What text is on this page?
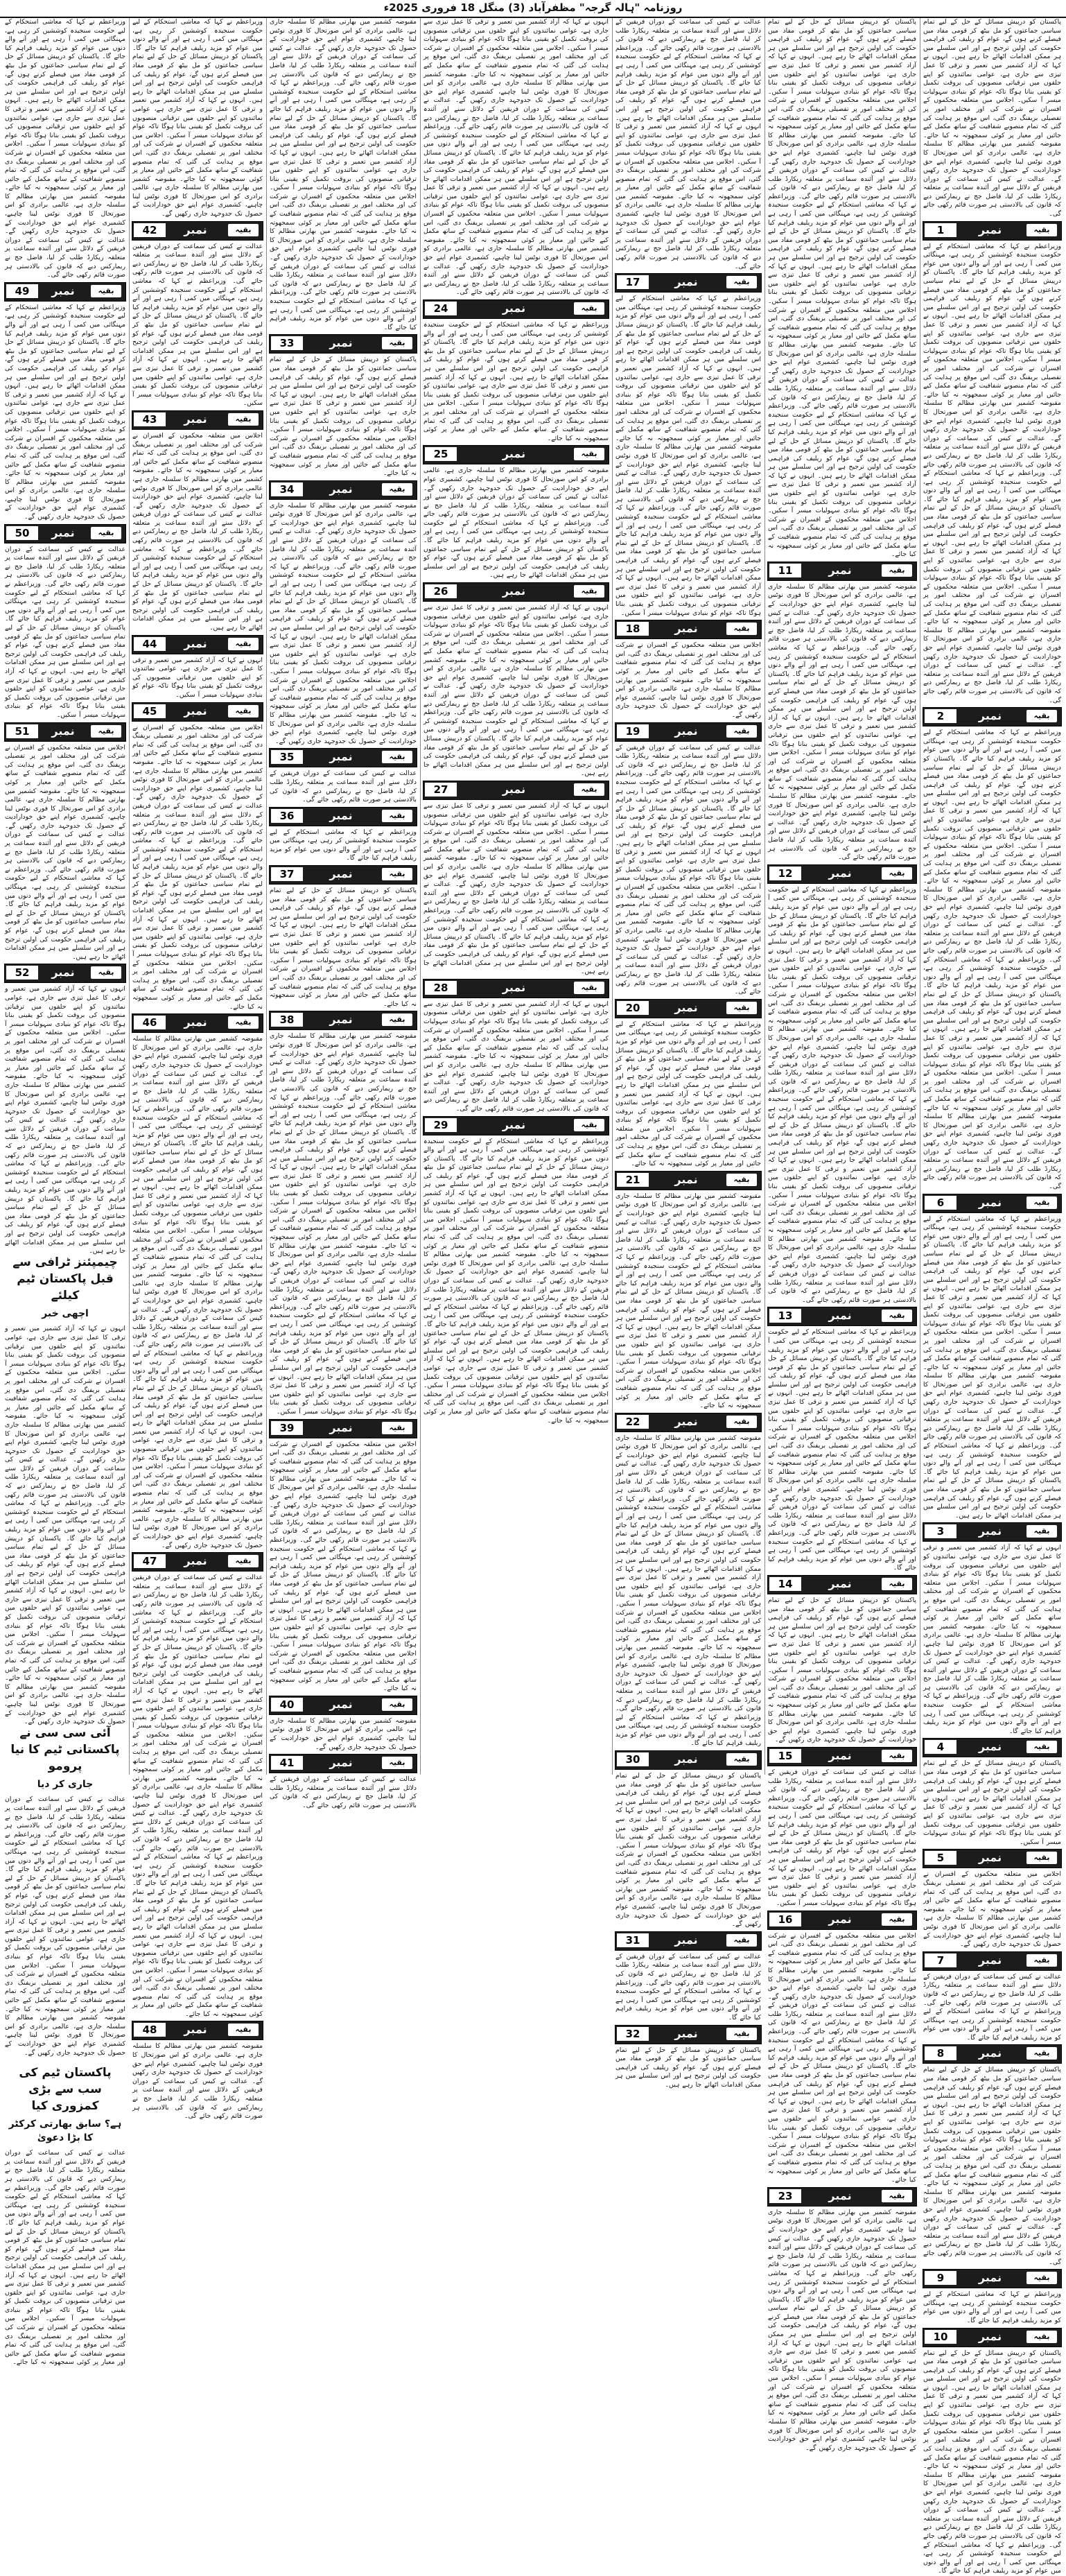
روزنامہ "ہالہ گرجہ" مظفرآباد (3) منگل 18 فروری 2025ء
پاکستان کو درپیش مسائل کے حل کے لیے تمام سیاسی جماعتوں کو مل بیٹھ کر قومی مفاد میں فیصلے کرنے ہوں گے، عوام کو ریلیف کی فراہمی حکومت کی اولین ترجیح ہے اور اس سلسلے میں ہر ممکن اقدامات اٹھائے جا رہے ہیں۔ انہوں نے کہا کہ آزاد کشمیر میں تعمیر و ترقی کا عمل تیزی سے جاری ہے، عوامی نمائندوں کو اپنے حلقوں میں ترقیاتی منصوبوں کی بروقت تکمیل کو یقینی بنانا ہوگا تاکہ عوام کو بنیادی سہولیات میسر آ سکیں۔ اجلاس میں متعلقہ محکموں کے افسران نے شرکت کی اور مختلف امور پر تفصیلی بریفنگ دی گئی، اس موقع پر ہدایت کی گئی کہ تمام منصوبے شفافیت کے ساتھ مکمل کیے جائیں اور معیار پر کوئی سمجھوتہ نہ کیا جائے۔ مقبوضہ کشمیر میں بھارتی مظالم کا سلسلہ جاری ہے، عالمی برادری کو اس صورتحال کا فوری نوٹس لینا چاہیے، کشمیری عوام اپنے حق خودارادیت کے حصول تک جدوجہد جاری رکھیں گے۔ عدالت نے کیس کی سماعت کے دوران فریقین کے دلائل سنے اور آئندہ سماعت پر متعلقہ ریکارڈ طلب کر لیا، فاضل جج نے ریمارکس دیے کہ قانون کی بالادستی ہر صورت قائم رکھی جائے گی۔
بقیہ
نمبر
1
وزیراعظم نے کہا کہ معاشی استحکام کے لیے حکومت سنجیدہ کوششیں کر رہی ہے، مہنگائی میں کمی آ رہی ہے اور آنے والے دنوں میں عوام کو مزید ریلیف فراہم کیا جائے گا۔ پاکستان کو درپیش مسائل کے حل کے لیے تمام سیاسی جماعتوں کو مل بیٹھ کر قومی مفاد میں فیصلے کرنے ہوں گے، عوام کو ریلیف کی فراہمی حکومت کی اولین ترجیح ہے اور اس سلسلے میں ہر ممکن اقدامات اٹھائے جا رہے ہیں۔ انہوں نے کہا کہ آزاد کشمیر میں تعمیر و ترقی کا عمل تیزی سے جاری ہے، عوامی نمائندوں کو اپنے حلقوں میں ترقیاتی منصوبوں کی بروقت تکمیل کو یقینی بنانا ہوگا تاکہ عوام کو بنیادی سہولیات میسر آ سکیں۔ اجلاس میں متعلقہ محکموں کے افسران نے شرکت کی اور مختلف امور پر تفصیلی بریفنگ دی گئی، اس موقع پر ہدایت کی گئی کہ تمام منصوبے شفافیت کے ساتھ مکمل کیے جائیں اور معیار پر کوئی سمجھوتہ نہ کیا جائے۔ مقبوضہ کشمیر میں بھارتی مظالم کا سلسلہ جاری ہے، عالمی برادری کو اس صورتحال کا فوری نوٹس لینا چاہیے، کشمیری عوام اپنے حق خودارادیت کے حصول تک جدوجہد جاری رکھیں گے۔ عدالت نے کیس کی سماعت کے دوران فریقین کے دلائل سنے اور آئندہ سماعت پر متعلقہ ریکارڈ طلب کر لیا، فاضل جج نے ریمارکس دیے کہ قانون کی بالادستی ہر صورت قائم رکھی جائے گی۔ وزیراعظم نے کہا کہ معاشی استحکام کے لیے حکومت سنجیدہ کوششیں کر رہی ہے، مہنگائی میں کمی آ رہی ہے اور آنے والے دنوں میں عوام کو مزید ریلیف فراہم کیا جائے گا۔ پاکستان کو درپیش مسائل کے حل کے لیے تمام سیاسی جماعتوں کو مل بیٹھ کر قومی مفاد میں فیصلے کرنے ہوں گے، عوام کو ریلیف کی فراہمی حکومت کی اولین ترجیح ہے اور اس سلسلے میں ہر ممکن اقدامات اٹھائے جا رہے ہیں۔ انہوں نے کہا کہ آزاد کشمیر میں تعمیر و ترقی کا عمل تیزی سے جاری ہے، عوامی نمائندوں کو اپنے حلقوں میں ترقیاتی منصوبوں کی بروقت تکمیل کو یقینی بنانا ہوگا تاکہ عوام کو بنیادی سہولیات میسر آ سکیں۔ اجلاس میں متعلقہ محکموں کے افسران نے شرکت کی اور مختلف امور پر تفصیلی بریفنگ دی گئی، اس موقع پر ہدایت کی گئی کہ تمام منصوبے شفافیت کے ساتھ مکمل کیے جائیں اور معیار پر کوئی سمجھوتہ نہ کیا جائے۔ مقبوضہ کشمیر میں بھارتی مظالم کا سلسلہ جاری ہے، عالمی برادری کو اس صورتحال کا فوری نوٹس لینا چاہیے، کشمیری عوام اپنے حق خودارادیت کے حصول تک جدوجہد جاری رکھیں گے۔ عدالت نے کیس کی سماعت کے دوران فریقین کے دلائل سنے اور آئندہ سماعت پر متعلقہ ریکارڈ طلب کر لیا، فاضل جج نے ریمارکس دیے کہ قانون کی بالادستی ہر صورت قائم رکھی جائے گی۔
بقیہ
نمبر
2
وزیراعظم نے کہا کہ معاشی استحکام کے لیے حکومت سنجیدہ کوششیں کر رہی ہے، مہنگائی میں کمی آ رہی ہے اور آنے والے دنوں میں عوام کو مزید ریلیف فراہم کیا جائے گا۔ پاکستان کو درپیش مسائل کے حل کے لیے تمام سیاسی جماعتوں کو مل بیٹھ کر قومی مفاد میں فیصلے کرنے ہوں گے، عوام کو ریلیف کی فراہمی حکومت کی اولین ترجیح ہے اور اس سلسلے میں ہر ممکن اقدامات اٹھائے جا رہے ہیں۔ انہوں نے کہا کہ آزاد کشمیر میں تعمیر و ترقی کا عمل تیزی سے جاری ہے، عوامی نمائندوں کو اپنے حلقوں میں ترقیاتی منصوبوں کی بروقت تکمیل کو یقینی بنانا ہوگا تاکہ عوام کو بنیادی سہولیات میسر آ سکیں۔ اجلاس میں متعلقہ محکموں کے افسران نے شرکت کی اور مختلف امور پر تفصیلی بریفنگ دی گئی، اس موقع پر ہدایت کی گئی کہ تمام منصوبے شفافیت کے ساتھ مکمل کیے جائیں اور معیار پر کوئی سمجھوتہ نہ کیا جائے۔ مقبوضہ کشمیر میں بھارتی مظالم کا سلسلہ جاری ہے، عالمی برادری کو اس صورتحال کا فوری نوٹس لینا چاہیے، کشمیری عوام اپنے حق خودارادیت کے حصول تک جدوجہد جاری رکھیں گے۔ عدالت نے کیس کی سماعت کے دوران فریقین کے دلائل سنے اور آئندہ سماعت پر متعلقہ ریکارڈ طلب کر لیا، فاضل جج نے ریمارکس دیے کہ قانون کی بالادستی ہر صورت قائم رکھی جائے گی۔ وزیراعظم نے کہا کہ معاشی استحکام کے لیے حکومت سنجیدہ کوششیں کر رہی ہے، مہنگائی میں کمی آ رہی ہے اور آنے والے دنوں میں عوام کو مزید ریلیف فراہم کیا جائے گا۔ پاکستان کو درپیش مسائل کے حل کے لیے تمام سیاسی جماعتوں کو مل بیٹھ کر قومی مفاد میں فیصلے کرنے ہوں گے، عوام کو ریلیف کی فراہمی حکومت کی اولین ترجیح ہے اور اس سلسلے میں ہر ممکن اقدامات اٹھائے جا رہے ہیں۔ انہوں نے کہا کہ آزاد کشمیر میں تعمیر و ترقی کا عمل تیزی سے جاری ہے، عوامی نمائندوں کو اپنے حلقوں میں ترقیاتی منصوبوں کی بروقت تکمیل کو یقینی بنانا ہوگا تاکہ عوام کو بنیادی سہولیات میسر آ سکیں۔ اجلاس میں متعلقہ محکموں کے افسران نے شرکت کی اور مختلف امور پر تفصیلی بریفنگ دی گئی، اس موقع پر ہدایت کی گئی کہ تمام منصوبے شفافیت کے ساتھ مکمل کیے جائیں اور معیار پر کوئی سمجھوتہ نہ کیا جائے۔ مقبوضہ کشمیر میں بھارتی مظالم کا سلسلہ جاری ہے، عالمی برادری کو اس صورتحال کا فوری نوٹس لینا چاہیے، کشمیری عوام اپنے حق خودارادیت کے حصول تک جدوجہد جاری رکھیں گے۔ عدالت نے کیس کی سماعت کے دوران فریقین کے دلائل سنے اور آئندہ سماعت پر متعلقہ ریکارڈ طلب کر لیا، فاضل جج نے ریمارکس دیے کہ قانون کی بالادستی ہر صورت قائم رکھی جائے گی۔
بقیہ
نمبر
6
وزیراعظم نے کہا کہ معاشی استحکام کے لیے حکومت سنجیدہ کوششیں کر رہی ہے، مہنگائی میں کمی آ رہی ہے اور آنے والے دنوں میں عوام کو مزید ریلیف فراہم کیا جائے گا۔ پاکستان کو درپیش مسائل کے حل کے لیے تمام سیاسی جماعتوں کو مل بیٹھ کر قومی مفاد میں فیصلے کرنے ہوں گے، عوام کو ریلیف کی فراہمی حکومت کی اولین ترجیح ہے اور اس سلسلے میں ہر ممکن اقدامات اٹھائے جا رہے ہیں۔ انہوں نے کہا کہ آزاد کشمیر میں تعمیر و ترقی کا عمل تیزی سے جاری ہے، عوامی نمائندوں کو اپنے حلقوں میں ترقیاتی منصوبوں کی بروقت تکمیل کو یقینی بنانا ہوگا تاکہ عوام کو بنیادی سہولیات میسر آ سکیں۔ اجلاس میں متعلقہ محکموں کے افسران نے شرکت کی اور مختلف امور پر تفصیلی بریفنگ دی گئی، اس موقع پر ہدایت کی گئی کہ تمام منصوبے شفافیت کے ساتھ مکمل کیے جائیں اور معیار پر کوئی سمجھوتہ نہ کیا جائے۔ مقبوضہ کشمیر میں بھارتی مظالم کا سلسلہ جاری ہے، عالمی برادری کو اس صورتحال کا فوری نوٹس لینا چاہیے، کشمیری عوام اپنے حق خودارادیت کے حصول تک جدوجہد جاری رکھیں گے۔ عدالت نے کیس کی سماعت کے دوران فریقین کے دلائل سنے اور آئندہ سماعت پر متعلقہ ریکارڈ طلب کر لیا، فاضل جج نے ریمارکس دیے کہ قانون کی بالادستی ہر صورت قائم رکھی جائے گی۔ وزیراعظم نے کہا کہ معاشی استحکام کے لیے حکومت سنجیدہ کوششیں کر رہی ہے، مہنگائی میں کمی آ رہی ہے اور آنے والے دنوں میں عوام کو مزید ریلیف فراہم کیا جائے گا۔ پاکستان کو درپیش مسائل کے حل کے لیے تمام سیاسی جماعتوں کو مل بیٹھ کر قومی مفاد میں فیصلے کرنے ہوں گے، عوام کو ریلیف کی فراہمی حکومت کی اولین ترجیح ہے اور اس سلسلے میں ہر ممکن اقدامات اٹھائے جا رہے ہیں۔
بقیہ
نمبر
3
انہوں نے کہا کہ آزاد کشمیر میں تعمیر و ترقی کا عمل تیزی سے جاری ہے، عوامی نمائندوں کو اپنے حلقوں میں ترقیاتی منصوبوں کی بروقت تکمیل کو یقینی بنانا ہوگا تاکہ عوام کو بنیادی سہولیات میسر آ سکیں۔ اجلاس میں متعلقہ محکموں کے افسران نے شرکت کی اور مختلف امور پر تفصیلی بریفنگ دی گئی، اس موقع پر ہدایت کی گئی کہ تمام منصوبے شفافیت کے ساتھ مکمل کیے جائیں اور معیار پر کوئی سمجھوتہ نہ کیا جائے۔ مقبوضہ کشمیر میں بھارتی مظالم کا سلسلہ جاری ہے، عالمی برادری کو اس صورتحال کا فوری نوٹس لینا چاہیے، کشمیری عوام اپنے حق خودارادیت کے حصول تک جدوجہد جاری رکھیں گے۔ عدالت نے کیس کی سماعت کے دوران فریقین کے دلائل سنے اور آئندہ سماعت پر متعلقہ ریکارڈ طلب کر لیا، فاضل جج نے ریمارکس دیے کہ قانون کی بالادستی ہر صورت قائم رکھی جائے گی۔ وزیراعظم نے کہا کہ معاشی استحکام کے لیے حکومت سنجیدہ کوششیں کر رہی ہے، مہنگائی میں کمی آ رہی ہے اور آنے والے دنوں میں عوام کو مزید ریلیف فراہم کیا جائے گا۔
بقیہ
نمبر
4
پاکستان کو درپیش مسائل کے حل کے لیے تمام سیاسی جماعتوں کو مل بیٹھ کر قومی مفاد میں فیصلے کرنے ہوں گے، عوام کو ریلیف کی فراہمی حکومت کی اولین ترجیح ہے اور اس سلسلے میں ہر ممکن اقدامات اٹھائے جا رہے ہیں۔ انہوں نے کہا کہ آزاد کشمیر میں تعمیر و ترقی کا عمل تیزی سے جاری ہے، عوامی نمائندوں کو اپنے حلقوں میں ترقیاتی منصوبوں کی بروقت تکمیل کو یقینی بنانا ہوگا تاکہ عوام کو بنیادی سہولیات میسر آ سکیں۔
بقیہ
نمبر
5
اجلاس میں متعلقہ محکموں کے افسران نے شرکت کی اور مختلف امور پر تفصیلی بریفنگ دی گئی، اس موقع پر ہدایت کی گئی کہ تمام منصوبے شفافیت کے ساتھ مکمل کیے جائیں اور معیار پر کوئی سمجھوتہ نہ کیا جائے۔ مقبوضہ کشمیر میں بھارتی مظالم کا سلسلہ جاری ہے، عالمی برادری کو اس صورتحال کا فوری نوٹس لینا چاہیے، کشمیری عوام اپنے حق خودارادیت کے حصول تک جدوجہد جاری رکھیں گے۔
بقیہ
نمبر
7
عدالت نے کیس کی سماعت کے دوران فریقین کے دلائل سنے اور آئندہ سماعت پر متعلقہ ریکارڈ طلب کر لیا، فاضل جج نے ریمارکس دیے کہ قانون کی بالادستی ہر صورت قائم رکھی جائے گی۔ وزیراعظم نے کہا کہ معاشی استحکام کے لیے حکومت سنجیدہ کوششیں کر رہی ہے، مہنگائی میں کمی آ رہی ہے اور آنے والے دنوں میں عوام کو مزید ریلیف فراہم کیا جائے گا۔
بقیہ
نمبر
8
پاکستان کو درپیش مسائل کے حل کے لیے تمام سیاسی جماعتوں کو مل بیٹھ کر قومی مفاد میں فیصلے کرنے ہوں گے، عوام کو ریلیف کی فراہمی حکومت کی اولین ترجیح ہے اور اس سلسلے میں ہر ممکن اقدامات اٹھائے جا رہے ہیں۔ انہوں نے کہا کہ آزاد کشمیر میں تعمیر و ترقی کا عمل تیزی سے جاری ہے، عوامی نمائندوں کو اپنے حلقوں میں ترقیاتی منصوبوں کی بروقت تکمیل کو یقینی بنانا ہوگا تاکہ عوام کو بنیادی سہولیات میسر آ سکیں۔ اجلاس میں متعلقہ محکموں کے افسران نے شرکت کی اور مختلف امور پر تفصیلی بریفنگ دی گئی، اس موقع پر ہدایت کی گئی کہ تمام منصوبے شفافیت کے ساتھ مکمل کیے جائیں اور معیار پر کوئی سمجھوتہ نہ کیا جائے۔ مقبوضہ کشمیر میں بھارتی مظالم کا سلسلہ جاری ہے، عالمی برادری کو اس صورتحال کا فوری نوٹس لینا چاہیے، کشمیری عوام اپنے حق خودارادیت کے حصول تک جدوجہد جاری رکھیں گے۔ عدالت نے کیس کی سماعت کے دوران فریقین کے دلائل سنے اور آئندہ سماعت پر متعلقہ ریکارڈ طلب کر لیا، فاضل جج نے ریمارکس دیے کہ قانون کی بالادستی ہر صورت قائم رکھی جائے گی۔
بقیہ
نمبر
9
وزیراعظم نے کہا کہ معاشی استحکام کے لیے حکومت سنجیدہ کوششیں کر رہی ہے، مہنگائی میں کمی آ رہی ہے اور آنے والے دنوں میں عوام کو مزید ریلیف فراہم کیا جائے گا۔
بقیہ
نمبر
10
پاکستان کو درپیش مسائل کے حل کے لیے تمام سیاسی جماعتوں کو مل بیٹھ کر قومی مفاد میں فیصلے کرنے ہوں گے، عوام کو ریلیف کی فراہمی حکومت کی اولین ترجیح ہے اور اس سلسلے میں ہر ممکن اقدامات اٹھائے جا رہے ہیں۔ انہوں نے کہا کہ آزاد کشمیر میں تعمیر و ترقی کا عمل تیزی سے جاری ہے، عوامی نمائندوں کو اپنے حلقوں میں ترقیاتی منصوبوں کی بروقت تکمیل کو یقینی بنانا ہوگا تاکہ عوام کو بنیادی سہولیات میسر آ سکیں۔ اجلاس میں متعلقہ محکموں کے افسران نے شرکت کی اور مختلف امور پر تفصیلی بریفنگ دی گئی، اس موقع پر ہدایت کی گئی کہ تمام منصوبے شفافیت کے ساتھ مکمل کیے جائیں اور معیار پر کوئی سمجھوتہ نہ کیا جائے۔ مقبوضہ کشمیر میں بھارتی مظالم کا سلسلہ جاری ہے، عالمی برادری کو اس صورتحال کا فوری نوٹس لینا چاہیے، کشمیری عوام اپنے حق خودارادیت کے حصول تک جدوجہد جاری رکھیں گے۔ عدالت نے کیس کی سماعت کے دوران فریقین کے دلائل سنے اور آئندہ سماعت پر متعلقہ ریکارڈ طلب کر لیا، فاضل جج نے ریمارکس دیے کہ قانون کی بالادستی ہر صورت قائم رکھی جائے گی۔ وزیراعظم نے کہا کہ معاشی استحکام کے لیے حکومت سنجیدہ کوششیں کر رہی ہے، مہنگائی میں کمی آ رہی ہے اور آنے والے دنوں میں عوام کو مزید ریلیف فراہم کیا جائے گا۔
پاکستان کو درپیش مسائل کے حل کے لیے تمام سیاسی جماعتوں کو مل بیٹھ کر قومی مفاد میں فیصلے کرنے ہوں گے، عوام کو ریلیف کی فراہمی حکومت کی اولین ترجیح ہے اور اس سلسلے میں ہر ممکن اقدامات اٹھائے جا رہے ہیں۔ انہوں نے کہا کہ آزاد کشمیر میں تعمیر و ترقی کا عمل تیزی سے جاری ہے، عوامی نمائندوں کو اپنے حلقوں میں ترقیاتی منصوبوں کی بروقت تکمیل کو یقینی بنانا ہوگا تاکہ عوام کو بنیادی سہولیات میسر آ سکیں۔ اجلاس میں متعلقہ محکموں کے افسران نے شرکت کی اور مختلف امور پر تفصیلی بریفنگ دی گئی، اس موقع پر ہدایت کی گئی کہ تمام منصوبے شفافیت کے ساتھ مکمل کیے جائیں اور معیار پر کوئی سمجھوتہ نہ کیا جائے۔ مقبوضہ کشمیر میں بھارتی مظالم کا سلسلہ جاری ہے، عالمی برادری کو اس صورتحال کا فوری نوٹس لینا چاہیے، کشمیری عوام اپنے حق خودارادیت کے حصول تک جدوجہد جاری رکھیں گے۔ عدالت نے کیس کی سماعت کے دوران فریقین کے دلائل سنے اور آئندہ سماعت پر متعلقہ ریکارڈ طلب کر لیا، فاضل جج نے ریمارکس دیے کہ قانون کی بالادستی ہر صورت قائم رکھی جائے گی۔ وزیراعظم نے کہا کہ معاشی استحکام کے لیے حکومت سنجیدہ کوششیں کر رہی ہے، مہنگائی میں کمی آ رہی ہے اور آنے والے دنوں میں عوام کو مزید ریلیف فراہم کیا جائے گا۔ پاکستان کو درپیش مسائل کے حل کے لیے تمام سیاسی جماعتوں کو مل بیٹھ کر قومی مفاد میں فیصلے کرنے ہوں گے، عوام کو ریلیف کی فراہمی حکومت کی اولین ترجیح ہے اور اس سلسلے میں ہر ممکن اقدامات اٹھائے جا رہے ہیں۔ انہوں نے کہا کہ آزاد کشمیر میں تعمیر و ترقی کا عمل تیزی سے جاری ہے، عوامی نمائندوں کو اپنے حلقوں میں ترقیاتی منصوبوں کی بروقت تکمیل کو یقینی بنانا ہوگا تاکہ عوام کو بنیادی سہولیات میسر آ سکیں۔ اجلاس میں متعلقہ محکموں کے افسران نے شرکت کی اور مختلف امور پر تفصیلی بریفنگ دی گئی، اس موقع پر ہدایت کی گئی کہ تمام منصوبے شفافیت کے ساتھ مکمل کیے جائیں اور معیار پر کوئی سمجھوتہ نہ کیا جائے۔ مقبوضہ کشمیر میں بھارتی مظالم کا سلسلہ جاری ہے، عالمی برادری کو اس صورتحال کا فوری نوٹس لینا چاہیے، کشمیری عوام اپنے حق خودارادیت کے حصول تک جدوجہد جاری رکھیں گے۔ عدالت نے کیس کی سماعت کے دوران فریقین کے دلائل سنے اور آئندہ سماعت پر متعلقہ ریکارڈ طلب کر لیا، فاضل جج نے ریمارکس دیے کہ قانون کی بالادستی ہر صورت قائم رکھی جائے گی۔ وزیراعظم نے کہا کہ معاشی استحکام کے لیے حکومت سنجیدہ کوششیں کر رہی ہے، مہنگائی میں کمی آ رہی ہے اور آنے والے دنوں میں عوام کو مزید ریلیف فراہم کیا جائے گا۔ پاکستان کو درپیش مسائل کے حل کے لیے تمام سیاسی جماعتوں کو مل بیٹھ کر قومی مفاد میں فیصلے کرنے ہوں گے، عوام کو ریلیف کی فراہمی حکومت کی اولین ترجیح ہے اور اس سلسلے میں ہر ممکن اقدامات اٹھائے جا رہے ہیں۔ انہوں نے کہا کہ آزاد کشمیر میں تعمیر و ترقی کا عمل تیزی سے جاری ہے، عوامی نمائندوں کو اپنے حلقوں میں ترقیاتی منصوبوں کی بروقت تکمیل کو یقینی بنانا ہوگا تاکہ عوام کو بنیادی سہولیات میسر آ سکیں۔ اجلاس میں متعلقہ محکموں کے افسران نے شرکت کی اور مختلف امور پر تفصیلی بریفنگ دی گئی، اس موقع پر ہدایت کی گئی کہ تمام منصوبے شفافیت کے ساتھ مکمل کیے جائیں اور معیار پر کوئی سمجھوتہ نہ کیا جائے۔
بقیہ
نمبر
11
مقبوضہ کشمیر میں بھارتی مظالم کا سلسلہ جاری ہے، عالمی برادری کو اس صورتحال کا فوری نوٹس لینا چاہیے، کشمیری عوام اپنے حق خودارادیت کے حصول تک جدوجہد جاری رکھیں گے۔ عدالت نے کیس کی سماعت کے دوران فریقین کے دلائل سنے اور آئندہ سماعت پر متعلقہ ریکارڈ طلب کر لیا، فاضل جج نے ریمارکس دیے کہ قانون کی بالادستی ہر صورت قائم رکھی جائے گی۔ وزیراعظم نے کہا کہ معاشی استحکام کے لیے حکومت سنجیدہ کوششیں کر رہی ہے، مہنگائی میں کمی آ رہی ہے اور آنے والے دنوں میں عوام کو مزید ریلیف فراہم کیا جائے گا۔ پاکستان کو درپیش مسائل کے حل کے لیے تمام سیاسی جماعتوں کو مل بیٹھ کر قومی مفاد میں فیصلے کرنے ہوں گے، عوام کو ریلیف کی فراہمی حکومت کی اولین ترجیح ہے اور اس سلسلے میں ہر ممکن اقدامات اٹھائے جا رہے ہیں۔ انہوں نے کہا کہ آزاد کشمیر میں تعمیر و ترقی کا عمل تیزی سے جاری ہے، عوامی نمائندوں کو اپنے حلقوں میں ترقیاتی منصوبوں کی بروقت تکمیل کو یقینی بنانا ہوگا تاکہ عوام کو بنیادی سہولیات میسر آ سکیں۔ اجلاس میں متعلقہ محکموں کے افسران نے شرکت کی اور مختلف امور پر تفصیلی بریفنگ دی گئی، اس موقع پر ہدایت کی گئی کہ تمام منصوبے شفافیت کے ساتھ مکمل کیے جائیں اور معیار پر کوئی سمجھوتہ نہ کیا جائے۔ مقبوضہ کشمیر میں بھارتی مظالم کا سلسلہ جاری ہے، عالمی برادری کو اس صورتحال کا فوری نوٹس لینا چاہیے، کشمیری عوام اپنے حق خودارادیت کے حصول تک جدوجہد جاری رکھیں گے۔ عدالت نے کیس کی سماعت کے دوران فریقین کے دلائل سنے اور آئندہ سماعت پر متعلقہ ریکارڈ طلب کر لیا، فاضل جج نے ریمارکس دیے کہ قانون کی بالادستی ہر صورت قائم رکھی جائے گی۔
بقیہ
نمبر
12
وزیراعظم نے کہا کہ معاشی استحکام کے لیے حکومت سنجیدہ کوششیں کر رہی ہے، مہنگائی میں کمی آ رہی ہے اور آنے والے دنوں میں عوام کو مزید ریلیف فراہم کیا جائے گا۔ پاکستان کو درپیش مسائل کے حل کے لیے تمام سیاسی جماعتوں کو مل بیٹھ کر قومی مفاد میں فیصلے کرنے ہوں گے، عوام کو ریلیف کی فراہمی حکومت کی اولین ترجیح ہے اور اس سلسلے میں ہر ممکن اقدامات اٹھائے جا رہے ہیں۔ انہوں نے کہا کہ آزاد کشمیر میں تعمیر و ترقی کا عمل تیزی سے جاری ہے، عوامی نمائندوں کو اپنے حلقوں میں ترقیاتی منصوبوں کی بروقت تکمیل کو یقینی بنانا ہوگا تاکہ عوام کو بنیادی سہولیات میسر آ سکیں۔ اجلاس میں متعلقہ محکموں کے افسران نے شرکت کی اور مختلف امور پر تفصیلی بریفنگ دی گئی، اس موقع پر ہدایت کی گئی کہ تمام منصوبے شفافیت کے ساتھ مکمل کیے جائیں اور معیار پر کوئی سمجھوتہ نہ کیا جائے۔ مقبوضہ کشمیر میں بھارتی مظالم کا سلسلہ جاری ہے، عالمی برادری کو اس صورتحال کا فوری نوٹس لینا چاہیے، کشمیری عوام اپنے حق خودارادیت کے حصول تک جدوجہد جاری رکھیں گے۔ عدالت نے کیس کی سماعت کے دوران فریقین کے دلائل سنے اور آئندہ سماعت پر متعلقہ ریکارڈ طلب کر لیا، فاضل جج نے ریمارکس دیے کہ قانون کی بالادستی ہر صورت قائم رکھی جائے گی۔ وزیراعظم نے کہا کہ معاشی استحکام کے لیے حکومت سنجیدہ کوششیں کر رہی ہے، مہنگائی میں کمی آ رہی ہے اور آنے والے دنوں میں عوام کو مزید ریلیف فراہم کیا جائے گا۔ پاکستان کو درپیش مسائل کے حل کے لیے تمام سیاسی جماعتوں کو مل بیٹھ کر قومی مفاد میں فیصلے کرنے ہوں گے، عوام کو ریلیف کی فراہمی حکومت کی اولین ترجیح ہے اور اس سلسلے میں ہر ممکن اقدامات اٹھائے جا رہے ہیں۔ انہوں نے کہا کہ آزاد کشمیر میں تعمیر و ترقی کا عمل تیزی سے جاری ہے، عوامی نمائندوں کو اپنے حلقوں میں ترقیاتی منصوبوں کی بروقت تکمیل کو یقینی بنانا ہوگا تاکہ عوام کو بنیادی سہولیات میسر آ سکیں۔ اجلاس میں متعلقہ محکموں کے افسران نے شرکت کی اور مختلف امور پر تفصیلی بریفنگ دی گئی، اس موقع پر ہدایت کی گئی کہ تمام منصوبے شفافیت کے ساتھ مکمل کیے جائیں اور معیار پر کوئی سمجھوتہ نہ کیا جائے۔ مقبوضہ کشمیر میں بھارتی مظالم کا سلسلہ جاری ہے، عالمی برادری کو اس صورتحال کا فوری نوٹس لینا چاہیے، کشمیری عوام اپنے حق خودارادیت کے حصول تک جدوجہد جاری رکھیں گے۔ عدالت نے کیس کی سماعت کے دوران فریقین کے دلائل سنے اور آئندہ سماعت پر متعلقہ ریکارڈ طلب کر لیا، فاضل جج نے ریمارکس دیے کہ قانون کی بالادستی ہر صورت قائم رکھی جائے گی۔
بقیہ
نمبر
13
وزیراعظم نے کہا کہ معاشی استحکام کے لیے حکومت سنجیدہ کوششیں کر رہی ہے، مہنگائی میں کمی آ رہی ہے اور آنے والے دنوں میں عوام کو مزید ریلیف فراہم کیا جائے گا۔ پاکستان کو درپیش مسائل کے حل کے لیے تمام سیاسی جماعتوں کو مل بیٹھ کر قومی مفاد میں فیصلے کرنے ہوں گے، عوام کو ریلیف کی فراہمی حکومت کی اولین ترجیح ہے اور اس سلسلے میں ہر ممکن اقدامات اٹھائے جا رہے ہیں۔ انہوں نے کہا کہ آزاد کشمیر میں تعمیر و ترقی کا عمل تیزی سے جاری ہے، عوامی نمائندوں کو اپنے حلقوں میں ترقیاتی منصوبوں کی بروقت تکمیل کو یقینی بنانا ہوگا تاکہ عوام کو بنیادی سہولیات میسر آ سکیں۔ اجلاس میں متعلقہ محکموں کے افسران نے شرکت کی اور مختلف امور پر تفصیلی بریفنگ دی گئی، اس موقع پر ہدایت کی گئی کہ تمام منصوبے شفافیت کے ساتھ مکمل کیے جائیں اور معیار پر کوئی سمجھوتہ نہ کیا جائے۔ مقبوضہ کشمیر میں بھارتی مظالم کا سلسلہ جاری ہے، عالمی برادری کو اس صورتحال کا فوری نوٹس لینا چاہیے، کشمیری عوام اپنے حق خودارادیت کے حصول تک جدوجہد جاری رکھیں گے۔ عدالت نے کیس کی سماعت کے دوران فریقین کے دلائل سنے اور آئندہ سماعت پر متعلقہ ریکارڈ طلب کر لیا، فاضل جج نے ریمارکس دیے کہ قانون کی بالادستی ہر صورت قائم رکھی جائے گی۔ وزیراعظم نے کہا کہ معاشی استحکام کے لیے حکومت سنجیدہ کوششیں کر رہی ہے، مہنگائی میں کمی آ رہی ہے اور آنے والے دنوں میں عوام کو مزید ریلیف فراہم کیا جائے گا۔
بقیہ
نمبر
14
پاکستان کو درپیش مسائل کے حل کے لیے تمام سیاسی جماعتوں کو مل بیٹھ کر قومی مفاد میں فیصلے کرنے ہوں گے، عوام کو ریلیف کی فراہمی حکومت کی اولین ترجیح ہے اور اس سلسلے میں ہر ممکن اقدامات اٹھائے جا رہے ہیں۔ انہوں نے کہا کہ آزاد کشمیر میں تعمیر و ترقی کا عمل تیزی سے جاری ہے، عوامی نمائندوں کو اپنے حلقوں میں ترقیاتی منصوبوں کی بروقت تکمیل کو یقینی بنانا ہوگا تاکہ عوام کو بنیادی سہولیات میسر آ سکیں۔ اجلاس میں متعلقہ محکموں کے افسران نے شرکت کی اور مختلف امور پر تفصیلی بریفنگ دی گئی، اس موقع پر ہدایت کی گئی کہ تمام منصوبے شفافیت کے ساتھ مکمل کیے جائیں اور معیار پر کوئی سمجھوتہ نہ کیا جائے۔ مقبوضہ کشمیر میں بھارتی مظالم کا سلسلہ جاری ہے، عالمی برادری کو اس صورتحال کا فوری نوٹس لینا چاہیے، کشمیری عوام اپنے حق خودارادیت کے حصول تک جدوجہد جاری رکھیں گے۔
بقیہ
نمبر
15
عدالت نے کیس کی سماعت کے دوران فریقین کے دلائل سنے اور آئندہ سماعت پر متعلقہ ریکارڈ طلب کر لیا، فاضل جج نے ریمارکس دیے کہ قانون کی بالادستی ہر صورت قائم رکھی جائے گی۔ وزیراعظم نے کہا کہ معاشی استحکام کے لیے حکومت سنجیدہ کوششیں کر رہی ہے، مہنگائی میں کمی آ رہی ہے اور آنے والے دنوں میں عوام کو مزید ریلیف فراہم کیا جائے گا۔ پاکستان کو درپیش مسائل کے حل کے لیے تمام سیاسی جماعتوں کو مل بیٹھ کر قومی مفاد میں فیصلے کرنے ہوں گے، عوام کو ریلیف کی فراہمی حکومت کی اولین ترجیح ہے اور اس سلسلے میں ہر ممکن اقدامات اٹھائے جا رہے ہیں۔ انہوں نے کہا کہ آزاد کشمیر میں تعمیر و ترقی کا عمل تیزی سے جاری ہے، عوامی نمائندوں کو اپنے حلقوں میں ترقیاتی منصوبوں کی بروقت تکمیل کو یقینی بنانا ہوگا تاکہ عوام کو بنیادی سہولیات میسر آ سکیں۔
بقیہ
نمبر
16
اجلاس میں متعلقہ محکموں کے افسران نے شرکت کی اور مختلف امور پر تفصیلی بریفنگ دی گئی، اس موقع پر ہدایت کی گئی کہ تمام منصوبے شفافیت کے ساتھ مکمل کیے جائیں اور معیار پر کوئی سمجھوتہ نہ کیا جائے۔ مقبوضہ کشمیر میں بھارتی مظالم کا سلسلہ جاری ہے، عالمی برادری کو اس صورتحال کا فوری نوٹس لینا چاہیے، کشمیری عوام اپنے حق خودارادیت کے حصول تک جدوجہد جاری رکھیں گے۔ عدالت نے کیس کی سماعت کے دوران فریقین کے دلائل سنے اور آئندہ سماعت پر متعلقہ ریکارڈ طلب کر لیا، فاضل جج نے ریمارکس دیے کہ قانون کی بالادستی ہر صورت قائم رکھی جائے گی۔ وزیراعظم نے کہا کہ معاشی استحکام کے لیے حکومت سنجیدہ کوششیں کر رہی ہے، مہنگائی میں کمی آ رہی ہے اور آنے والے دنوں میں عوام کو مزید ریلیف فراہم کیا جائے گا۔ پاکستان کو درپیش مسائل کے حل کے لیے تمام سیاسی جماعتوں کو مل بیٹھ کر قومی مفاد میں فیصلے کرنے ہوں گے، عوام کو ریلیف کی فراہمی حکومت کی اولین ترجیح ہے اور اس سلسلے میں ہر ممکن اقدامات اٹھائے جا رہے ہیں۔ انہوں نے کہا کہ آزاد کشمیر میں تعمیر و ترقی کا عمل تیزی سے جاری ہے، عوامی نمائندوں کو اپنے حلقوں میں ترقیاتی منصوبوں کی بروقت تکمیل کو یقینی بنانا ہوگا تاکہ عوام کو بنیادی سہولیات میسر آ سکیں۔ اجلاس میں متعلقہ محکموں کے افسران نے شرکت کی اور مختلف امور پر تفصیلی بریفنگ دی گئی، اس موقع پر ہدایت کی گئی کہ تمام منصوبے شفافیت کے ساتھ مکمل کیے جائیں اور معیار پر کوئی سمجھوتہ نہ کیا جائے۔
بقیہ
نمبر
23
مقبوضہ کشمیر میں بھارتی مظالم کا سلسلہ جاری ہے، عالمی برادری کو اس صورتحال کا فوری نوٹس لینا چاہیے، کشمیری عوام اپنے حق خودارادیت کے حصول تک جدوجہد جاری رکھیں گے۔ عدالت نے کیس کی سماعت کے دوران فریقین کے دلائل سنے اور آئندہ سماعت پر متعلقہ ریکارڈ طلب کر لیا، فاضل جج نے ریمارکس دیے کہ قانون کی بالادستی ہر صورت قائم رکھی جائے گی۔ وزیراعظم نے کہا کہ معاشی استحکام کے لیے حکومت سنجیدہ کوششیں کر رہی ہے، مہنگائی میں کمی آ رہی ہے اور آنے والے دنوں میں عوام کو مزید ریلیف فراہم کیا جائے گا۔ پاکستان کو درپیش مسائل کے حل کے لیے تمام سیاسی جماعتوں کو مل بیٹھ کر قومی مفاد میں فیصلے کرنے ہوں گے، عوام کو ریلیف کی فراہمی حکومت کی اولین ترجیح ہے اور اس سلسلے میں ہر ممکن اقدامات اٹھائے جا رہے ہیں۔ انہوں نے کہا کہ آزاد کشمیر میں تعمیر و ترقی کا عمل تیزی سے جاری ہے، عوامی نمائندوں کو اپنے حلقوں میں ترقیاتی منصوبوں کی بروقت تکمیل کو یقینی بنانا ہوگا تاکہ عوام کو بنیادی سہولیات میسر آ سکیں۔ اجلاس میں متعلقہ محکموں کے افسران نے شرکت کی اور مختلف امور پر تفصیلی بریفنگ دی گئی، اس موقع پر ہدایت کی گئی کہ تمام منصوبے شفافیت کے ساتھ مکمل کیے جائیں اور معیار پر کوئی سمجھوتہ نہ کیا جائے۔ مقبوضہ کشمیر میں بھارتی مظالم کا سلسلہ جاری ہے، عالمی برادری کو اس صورتحال کا فوری نوٹس لینا چاہیے، کشمیری عوام اپنے حق خودارادیت کے حصول تک جدوجہد جاری رکھیں گے۔
عدالت نے کیس کی سماعت کے دوران فریقین کے دلائل سنے اور آئندہ سماعت پر متعلقہ ریکارڈ طلب کر لیا، فاضل جج نے ریمارکس دیے کہ قانون کی بالادستی ہر صورت قائم رکھی جائے گی۔ وزیراعظم نے کہا کہ معاشی استحکام کے لیے حکومت سنجیدہ کوششیں کر رہی ہے، مہنگائی میں کمی آ رہی ہے اور آنے والے دنوں میں عوام کو مزید ریلیف فراہم کیا جائے گا۔ پاکستان کو درپیش مسائل کے حل کے لیے تمام سیاسی جماعتوں کو مل بیٹھ کر قومی مفاد میں فیصلے کرنے ہوں گے، عوام کو ریلیف کی فراہمی حکومت کی اولین ترجیح ہے اور اس سلسلے میں ہر ممکن اقدامات اٹھائے جا رہے ہیں۔ انہوں نے کہا کہ آزاد کشمیر میں تعمیر و ترقی کا عمل تیزی سے جاری ہے، عوامی نمائندوں کو اپنے حلقوں میں ترقیاتی منصوبوں کی بروقت تکمیل کو یقینی بنانا ہوگا تاکہ عوام کو بنیادی سہولیات میسر آ سکیں۔ اجلاس میں متعلقہ محکموں کے افسران نے شرکت کی اور مختلف امور پر تفصیلی بریفنگ دی گئی، اس موقع پر ہدایت کی گئی کہ تمام منصوبے شفافیت کے ساتھ مکمل کیے جائیں اور معیار پر کوئی سمجھوتہ نہ کیا جائے۔ مقبوضہ کشمیر میں بھارتی مظالم کا سلسلہ جاری ہے، عالمی برادری کو اس صورتحال کا فوری نوٹس لینا چاہیے، کشمیری عوام اپنے حق خودارادیت کے حصول تک جدوجہد جاری رکھیں گے۔ عدالت نے کیس کی سماعت کے دوران فریقین کے دلائل سنے اور آئندہ سماعت پر متعلقہ ریکارڈ طلب کر لیا، فاضل جج نے ریمارکس دیے کہ قانون کی بالادستی ہر صورت قائم رکھی جائے گی۔
بقیہ
نمبر
17
وزیراعظم نے کہا کہ معاشی استحکام کے لیے حکومت سنجیدہ کوششیں کر رہی ہے، مہنگائی میں کمی آ رہی ہے اور آنے والے دنوں میں عوام کو مزید ریلیف فراہم کیا جائے گا۔ پاکستان کو درپیش مسائل کے حل کے لیے تمام سیاسی جماعتوں کو مل بیٹھ کر قومی مفاد میں فیصلے کرنے ہوں گے، عوام کو ریلیف کی فراہمی حکومت کی اولین ترجیح ہے اور اس سلسلے میں ہر ممکن اقدامات اٹھائے جا رہے ہیں۔ انہوں نے کہا کہ آزاد کشمیر میں تعمیر و ترقی کا عمل تیزی سے جاری ہے، عوامی نمائندوں کو اپنے حلقوں میں ترقیاتی منصوبوں کی بروقت تکمیل کو یقینی بنانا ہوگا تاکہ عوام کو بنیادی سہولیات میسر آ سکیں۔ اجلاس میں متعلقہ محکموں کے افسران نے شرکت کی اور مختلف امور پر تفصیلی بریفنگ دی گئی، اس موقع پر ہدایت کی گئی کہ تمام منصوبے شفافیت کے ساتھ مکمل کیے جائیں اور معیار پر کوئی سمجھوتہ نہ کیا جائے۔ مقبوضہ کشمیر میں بھارتی مظالم کا سلسلہ جاری ہے، عالمی برادری کو اس صورتحال کا فوری نوٹس لینا چاہیے، کشمیری عوام اپنے حق خودارادیت کے حصول تک جدوجہد جاری رکھیں گے۔ عدالت نے کیس کی سماعت کے دوران فریقین کے دلائل سنے اور آئندہ سماعت پر متعلقہ ریکارڈ طلب کر لیا، فاضل جج نے ریمارکس دیے کہ قانون کی بالادستی ہر صورت قائم رکھی جائے گی۔ وزیراعظم نے کہا کہ معاشی استحکام کے لیے حکومت سنجیدہ کوششیں کر رہی ہے، مہنگائی میں کمی آ رہی ہے اور آنے والے دنوں میں عوام کو مزید ریلیف فراہم کیا جائے گا۔ پاکستان کو درپیش مسائل کے حل کے لیے تمام سیاسی جماعتوں کو مل بیٹھ کر قومی مفاد میں فیصلے کرنے ہوں گے، عوام کو ریلیف کی فراہمی حکومت کی اولین ترجیح ہے اور اس سلسلے میں ہر ممکن اقدامات اٹھائے جا رہے ہیں۔ انہوں نے کہا کہ آزاد کشمیر میں تعمیر و ترقی کا عمل تیزی سے جاری ہے، عوامی نمائندوں کو اپنے حلقوں میں ترقیاتی منصوبوں کی بروقت تکمیل کو یقینی بنانا ہوگا تاکہ عوام کو بنیادی سہولیات میسر آ سکیں۔
بقیہ
نمبر
18
اجلاس میں متعلقہ محکموں کے افسران نے شرکت کی اور مختلف امور پر تفصیلی بریفنگ دی گئی، اس موقع پر ہدایت کی گئی کہ تمام منصوبے شفافیت کے ساتھ مکمل کیے جائیں اور معیار پر کوئی سمجھوتہ نہ کیا جائے۔ مقبوضہ کشمیر میں بھارتی مظالم کا سلسلہ جاری ہے، عالمی برادری کو اس صورتحال کا فوری نوٹس لینا چاہیے، کشمیری عوام اپنے حق خودارادیت کے حصول تک جدوجہد جاری رکھیں گے۔
بقیہ
نمبر
19
عدالت نے کیس کی سماعت کے دوران فریقین کے دلائل سنے اور آئندہ سماعت پر متعلقہ ریکارڈ طلب کر لیا، فاضل جج نے ریمارکس دیے کہ قانون کی بالادستی ہر صورت قائم رکھی جائے گی۔ وزیراعظم نے کہا کہ معاشی استحکام کے لیے حکومت سنجیدہ کوششیں کر رہی ہے، مہنگائی میں کمی آ رہی ہے اور آنے والے دنوں میں عوام کو مزید ریلیف فراہم کیا جائے گا۔ پاکستان کو درپیش مسائل کے حل کے لیے تمام سیاسی جماعتوں کو مل بیٹھ کر قومی مفاد میں فیصلے کرنے ہوں گے، عوام کو ریلیف کی فراہمی حکومت کی اولین ترجیح ہے اور اس سلسلے میں ہر ممکن اقدامات اٹھائے جا رہے ہیں۔ انہوں نے کہا کہ آزاد کشمیر میں تعمیر و ترقی کا عمل تیزی سے جاری ہے، عوامی نمائندوں کو اپنے حلقوں میں ترقیاتی منصوبوں کی بروقت تکمیل کو یقینی بنانا ہوگا تاکہ عوام کو بنیادی سہولیات میسر آ سکیں۔ اجلاس میں متعلقہ محکموں کے افسران نے شرکت کی اور مختلف امور پر تفصیلی بریفنگ دی گئی، اس موقع پر ہدایت کی گئی کہ تمام منصوبے شفافیت کے ساتھ مکمل کیے جائیں اور معیار پر کوئی سمجھوتہ نہ کیا جائے۔ مقبوضہ کشمیر میں بھارتی مظالم کا سلسلہ جاری ہے، عالمی برادری کو اس صورتحال کا فوری نوٹس لینا چاہیے، کشمیری عوام اپنے حق خودارادیت کے حصول تک جدوجہد جاری رکھیں گے۔ عدالت نے کیس کی سماعت کے دوران فریقین کے دلائل سنے اور آئندہ سماعت پر متعلقہ ریکارڈ طلب کر لیا، فاضل جج نے ریمارکس دیے کہ قانون کی بالادستی ہر صورت قائم رکھی جائے گی۔
بقیہ
نمبر
20
وزیراعظم نے کہا کہ معاشی استحکام کے لیے حکومت سنجیدہ کوششیں کر رہی ہے، مہنگائی میں کمی آ رہی ہے اور آنے والے دنوں میں عوام کو مزید ریلیف فراہم کیا جائے گا۔ پاکستان کو درپیش مسائل کے حل کے لیے تمام سیاسی جماعتوں کو مل بیٹھ کر قومی مفاد میں فیصلے کرنے ہوں گے، عوام کو ریلیف کی فراہمی حکومت کی اولین ترجیح ہے اور اس سلسلے میں ہر ممکن اقدامات اٹھائے جا رہے ہیں۔ انہوں نے کہا کہ آزاد کشمیر میں تعمیر و ترقی کا عمل تیزی سے جاری ہے، عوامی نمائندوں کو اپنے حلقوں میں ترقیاتی منصوبوں کی بروقت تکمیل کو یقینی بنانا ہوگا تاکہ عوام کو بنیادی سہولیات میسر آ سکیں۔ اجلاس میں متعلقہ محکموں کے افسران نے شرکت کی اور مختلف امور پر تفصیلی بریفنگ دی گئی، اس موقع پر ہدایت کی گئی کہ تمام منصوبے شفافیت کے ساتھ مکمل کیے جائیں اور معیار پر کوئی سمجھوتہ نہ کیا جائے۔
بقیہ
نمبر
21
مقبوضہ کشمیر میں بھارتی مظالم کا سلسلہ جاری ہے، عالمی برادری کو اس صورتحال کا فوری نوٹس لینا چاہیے، کشمیری عوام اپنے حق خودارادیت کے حصول تک جدوجہد جاری رکھیں گے۔ عدالت نے کیس کی سماعت کے دوران فریقین کے دلائل سنے اور آئندہ سماعت پر متعلقہ ریکارڈ طلب کر لیا، فاضل جج نے ریمارکس دیے کہ قانون کی بالادستی ہر صورت قائم رکھی جائے گی۔ وزیراعظم نے کہا کہ معاشی استحکام کے لیے حکومت سنجیدہ کوششیں کر رہی ہے، مہنگائی میں کمی آ رہی ہے اور آنے والے دنوں میں عوام کو مزید ریلیف فراہم کیا جائے گا۔ پاکستان کو درپیش مسائل کے حل کے لیے تمام سیاسی جماعتوں کو مل بیٹھ کر قومی مفاد میں فیصلے کرنے ہوں گے، عوام کو ریلیف کی فراہمی حکومت کی اولین ترجیح ہے اور اس سلسلے میں ہر ممکن اقدامات اٹھائے جا رہے ہیں۔ انہوں نے کہا کہ آزاد کشمیر میں تعمیر و ترقی کا عمل تیزی سے جاری ہے، عوامی نمائندوں کو اپنے حلقوں میں ترقیاتی منصوبوں کی بروقت تکمیل کو یقینی بنانا ہوگا تاکہ عوام کو بنیادی سہولیات میسر آ سکیں۔ اجلاس میں متعلقہ محکموں کے افسران نے شرکت کی اور مختلف امور پر تفصیلی بریفنگ دی گئی، اس موقع پر ہدایت کی گئی کہ تمام منصوبے شفافیت کے ساتھ مکمل کیے جائیں اور معیار پر کوئی سمجھوتہ نہ کیا جائے۔
بقیہ
نمبر
22
مقبوضہ کشمیر میں بھارتی مظالم کا سلسلہ جاری ہے، عالمی برادری کو اس صورتحال کا فوری نوٹس لینا چاہیے، کشمیری عوام اپنے حق خودارادیت کے حصول تک جدوجہد جاری رکھیں گے۔ عدالت نے کیس کی سماعت کے دوران فریقین کے دلائل سنے اور آئندہ سماعت پر متعلقہ ریکارڈ طلب کر لیا، فاضل جج نے ریمارکس دیے کہ قانون کی بالادستی ہر صورت قائم رکھی جائے گی۔ وزیراعظم نے کہا کہ معاشی استحکام کے لیے حکومت سنجیدہ کوششیں کر رہی ہے، مہنگائی میں کمی آ رہی ہے اور آنے والے دنوں میں عوام کو مزید ریلیف فراہم کیا جائے گا۔ پاکستان کو درپیش مسائل کے حل کے لیے تمام سیاسی جماعتوں کو مل بیٹھ کر قومی مفاد میں فیصلے کرنے ہوں گے، عوام کو ریلیف کی فراہمی حکومت کی اولین ترجیح ہے اور اس سلسلے میں ہر ممکن اقدامات اٹھائے جا رہے ہیں۔ انہوں نے کہا کہ آزاد کشمیر میں تعمیر و ترقی کا عمل تیزی سے جاری ہے، عوامی نمائندوں کو اپنے حلقوں میں ترقیاتی منصوبوں کی بروقت تکمیل کو یقینی بنانا ہوگا تاکہ عوام کو بنیادی سہولیات میسر آ سکیں۔ اجلاس میں متعلقہ محکموں کے افسران نے شرکت کی اور مختلف امور پر تفصیلی بریفنگ دی گئی، اس موقع پر ہدایت کی گئی کہ تمام منصوبے شفافیت کے ساتھ مکمل کیے جائیں اور معیار پر کوئی سمجھوتہ نہ کیا جائے۔ مقبوضہ کشمیر میں بھارتی مظالم کا سلسلہ جاری ہے، عالمی برادری کو اس صورتحال کا فوری نوٹس لینا چاہیے، کشمیری عوام اپنے حق خودارادیت کے حصول تک جدوجہد جاری رکھیں گے۔ عدالت نے کیس کی سماعت کے دوران فریقین کے دلائل سنے اور آئندہ سماعت پر متعلقہ ریکارڈ طلب کر لیا، فاضل جج نے ریمارکس دیے کہ قانون کی بالادستی ہر صورت قائم رکھی جائے گی۔ وزیراعظم نے کہا کہ معاشی استحکام کے لیے حکومت سنجیدہ کوششیں کر رہی ہے، مہنگائی میں کمی آ رہی ہے اور آنے والے دنوں میں عوام کو مزید ریلیف فراہم کیا جائے گا۔
بقیہ
نمبر
30
پاکستان کو درپیش مسائل کے حل کے لیے تمام سیاسی جماعتوں کو مل بیٹھ کر قومی مفاد میں فیصلے کرنے ہوں گے، عوام کو ریلیف کی فراہمی حکومت کی اولین ترجیح ہے اور اس سلسلے میں ہر ممکن اقدامات اٹھائے جا رہے ہیں۔ انہوں نے کہا کہ آزاد کشمیر میں تعمیر و ترقی کا عمل تیزی سے جاری ہے، عوامی نمائندوں کو اپنے حلقوں میں ترقیاتی منصوبوں کی بروقت تکمیل کو یقینی بنانا ہوگا تاکہ عوام کو بنیادی سہولیات میسر آ سکیں۔ اجلاس میں متعلقہ محکموں کے افسران نے شرکت کی اور مختلف امور پر تفصیلی بریفنگ دی گئی، اس موقع پر ہدایت کی گئی کہ تمام منصوبے شفافیت کے ساتھ مکمل کیے جائیں اور معیار پر کوئی سمجھوتہ نہ کیا جائے۔ مقبوضہ کشمیر میں بھارتی مظالم کا سلسلہ جاری ہے، عالمی برادری کو اس صورتحال کا فوری نوٹس لینا چاہیے، کشمیری عوام اپنے حق خودارادیت کے حصول تک جدوجہد جاری رکھیں گے۔
بقیہ
نمبر
31
عدالت نے کیس کی سماعت کے دوران فریقین کے دلائل سنے اور آئندہ سماعت پر متعلقہ ریکارڈ طلب کر لیا، فاضل جج نے ریمارکس دیے کہ قانون کی بالادستی ہر صورت قائم رکھی جائے گی۔ وزیراعظم نے کہا کہ معاشی استحکام کے لیے حکومت سنجیدہ کوششیں کر رہی ہے، مہنگائی میں کمی آ رہی ہے اور آنے والے دنوں میں عوام کو مزید ریلیف فراہم کیا جائے گا۔
بقیہ
نمبر
32
پاکستان کو درپیش مسائل کے حل کے لیے تمام سیاسی جماعتوں کو مل بیٹھ کر قومی مفاد میں فیصلے کرنے ہوں گے، عوام کو ریلیف کی فراہمی حکومت کی اولین ترجیح ہے اور اس سلسلے میں ہر ممکن اقدامات اٹھائے جا رہے ہیں۔
انہوں نے کہا کہ آزاد کشمیر میں تعمیر و ترقی کا عمل تیزی سے جاری ہے، عوامی نمائندوں کو اپنے حلقوں میں ترقیاتی منصوبوں کی بروقت تکمیل کو یقینی بنانا ہوگا تاکہ عوام کو بنیادی سہولیات میسر آ سکیں۔ اجلاس میں متعلقہ محکموں کے افسران نے شرکت کی اور مختلف امور پر تفصیلی بریفنگ دی گئی، اس موقع پر ہدایت کی گئی کہ تمام منصوبے شفافیت کے ساتھ مکمل کیے جائیں اور معیار پر کوئی سمجھوتہ نہ کیا جائے۔ مقبوضہ کشمیر میں بھارتی مظالم کا سلسلہ جاری ہے، عالمی برادری کو اس صورتحال کا فوری نوٹس لینا چاہیے، کشمیری عوام اپنے حق خودارادیت کے حصول تک جدوجہد جاری رکھیں گے۔ عدالت نے کیس کی سماعت کے دوران فریقین کے دلائل سنے اور آئندہ سماعت پر متعلقہ ریکارڈ طلب کر لیا، فاضل جج نے ریمارکس دیے کہ قانون کی بالادستی ہر صورت قائم رکھی جائے گی۔ وزیراعظم نے کہا کہ معاشی استحکام کے لیے حکومت سنجیدہ کوششیں کر رہی ہے، مہنگائی میں کمی آ رہی ہے اور آنے والے دنوں میں عوام کو مزید ریلیف فراہم کیا جائے گا۔ پاکستان کو درپیش مسائل کے حل کے لیے تمام سیاسی جماعتوں کو مل بیٹھ کر قومی مفاد میں فیصلے کرنے ہوں گے، عوام کو ریلیف کی فراہمی حکومت کی اولین ترجیح ہے اور اس سلسلے میں ہر ممکن اقدامات اٹھائے جا رہے ہیں۔ انہوں نے کہا کہ آزاد کشمیر میں تعمیر و ترقی کا عمل تیزی سے جاری ہے، عوامی نمائندوں کو اپنے حلقوں میں ترقیاتی منصوبوں کی بروقت تکمیل کو یقینی بنانا ہوگا تاکہ عوام کو بنیادی سہولیات میسر آ سکیں۔ اجلاس میں متعلقہ محکموں کے افسران نے شرکت کی اور مختلف امور پر تفصیلی بریفنگ دی گئی، اس موقع پر ہدایت کی گئی کہ تمام منصوبے شفافیت کے ساتھ مکمل کیے جائیں اور معیار پر کوئی سمجھوتہ نہ کیا جائے۔ مقبوضہ کشمیر میں بھارتی مظالم کا سلسلہ جاری ہے، عالمی برادری کو اس صورتحال کا فوری نوٹس لینا چاہیے، کشمیری عوام اپنے حق خودارادیت کے حصول تک جدوجہد جاری رکھیں گے۔ عدالت نے کیس کی سماعت کے دوران فریقین کے دلائل سنے اور آئندہ سماعت پر متعلقہ ریکارڈ طلب کر لیا، فاضل جج نے ریمارکس دیے کہ قانون کی بالادستی ہر صورت قائم رکھی جائے گی۔
بقیہ
نمبر
24
وزیراعظم نے کہا کہ معاشی استحکام کے لیے حکومت سنجیدہ کوششیں کر رہی ہے، مہنگائی میں کمی آ رہی ہے اور آنے والے دنوں میں عوام کو مزید ریلیف فراہم کیا جائے گا۔ پاکستان کو درپیش مسائل کے حل کے لیے تمام سیاسی جماعتوں کو مل بیٹھ کر قومی مفاد میں فیصلے کرنے ہوں گے، عوام کو ریلیف کی فراہمی حکومت کی اولین ترجیح ہے اور اس سلسلے میں ہر ممکن اقدامات اٹھائے جا رہے ہیں۔ انہوں نے کہا کہ آزاد کشمیر میں تعمیر و ترقی کا عمل تیزی سے جاری ہے، عوامی نمائندوں کو اپنے حلقوں میں ترقیاتی منصوبوں کی بروقت تکمیل کو یقینی بنانا ہوگا تاکہ عوام کو بنیادی سہولیات میسر آ سکیں۔ اجلاس میں متعلقہ محکموں کے افسران نے شرکت کی اور مختلف امور پر تفصیلی بریفنگ دی گئی، اس موقع پر ہدایت کی گئی کہ تمام منصوبے شفافیت کے ساتھ مکمل کیے جائیں اور معیار پر کوئی سمجھوتہ نہ کیا جائے۔
بقیہ
نمبر
25
مقبوضہ کشمیر میں بھارتی مظالم کا سلسلہ جاری ہے، عالمی برادری کو اس صورتحال کا فوری نوٹس لینا چاہیے، کشمیری عوام اپنے حق خودارادیت کے حصول تک جدوجہد جاری رکھیں گے۔ عدالت نے کیس کی سماعت کے دوران فریقین کے دلائل سنے اور آئندہ سماعت پر متعلقہ ریکارڈ طلب کر لیا، فاضل جج نے ریمارکس دیے کہ قانون کی بالادستی ہر صورت قائم رکھی جائے گی۔ وزیراعظم نے کہا کہ معاشی استحکام کے لیے حکومت سنجیدہ کوششیں کر رہی ہے، مہنگائی میں کمی آ رہی ہے اور آنے والے دنوں میں عوام کو مزید ریلیف فراہم کیا جائے گا۔ پاکستان کو درپیش مسائل کے حل کے لیے تمام سیاسی جماعتوں کو مل بیٹھ کر قومی مفاد میں فیصلے کرنے ہوں گے، عوام کو ریلیف کی فراہمی حکومت کی اولین ترجیح ہے اور اس سلسلے میں ہر ممکن اقدامات اٹھائے جا رہے ہیں۔
بقیہ
نمبر
26
انہوں نے کہا کہ آزاد کشمیر میں تعمیر و ترقی کا عمل تیزی سے جاری ہے، عوامی نمائندوں کو اپنے حلقوں میں ترقیاتی منصوبوں کی بروقت تکمیل کو یقینی بنانا ہوگا تاکہ عوام کو بنیادی سہولیات میسر آ سکیں۔ اجلاس میں متعلقہ محکموں کے افسران نے شرکت کی اور مختلف امور پر تفصیلی بریفنگ دی گئی، اس موقع پر ہدایت کی گئی کہ تمام منصوبے شفافیت کے ساتھ مکمل کیے جائیں اور معیار پر کوئی سمجھوتہ نہ کیا جائے۔ مقبوضہ کشمیر میں بھارتی مظالم کا سلسلہ جاری ہے، عالمی برادری کو اس صورتحال کا فوری نوٹس لینا چاہیے، کشمیری عوام اپنے حق خودارادیت کے حصول تک جدوجہد جاری رکھیں گے۔ عدالت نے کیس کی سماعت کے دوران فریقین کے دلائل سنے اور آئندہ سماعت پر متعلقہ ریکارڈ طلب کر لیا، فاضل جج نے ریمارکس دیے کہ قانون کی بالادستی ہر صورت قائم رکھی جائے گی۔ وزیراعظم نے کہا کہ معاشی استحکام کے لیے حکومت سنجیدہ کوششیں کر رہی ہے، مہنگائی میں کمی آ رہی ہے اور آنے والے دنوں میں عوام کو مزید ریلیف فراہم کیا جائے گا۔ پاکستان کو درپیش مسائل کے حل کے لیے تمام سیاسی جماعتوں کو مل بیٹھ کر قومی مفاد میں فیصلے کرنے ہوں گے، عوام کو ریلیف کی فراہمی حکومت کی اولین ترجیح ہے اور اس سلسلے میں ہر ممکن اقدامات اٹھائے جا رہے ہیں۔
بقیہ
نمبر
27
انہوں نے کہا کہ آزاد کشمیر میں تعمیر و ترقی کا عمل تیزی سے جاری ہے، عوامی نمائندوں کو اپنے حلقوں میں ترقیاتی منصوبوں کی بروقت تکمیل کو یقینی بنانا ہوگا تاکہ عوام کو بنیادی سہولیات میسر آ سکیں۔ اجلاس میں متعلقہ محکموں کے افسران نے شرکت کی اور مختلف امور پر تفصیلی بریفنگ دی گئی، اس موقع پر ہدایت کی گئی کہ تمام منصوبے شفافیت کے ساتھ مکمل کیے جائیں اور معیار پر کوئی سمجھوتہ نہ کیا جائے۔ مقبوضہ کشمیر میں بھارتی مظالم کا سلسلہ جاری ہے، عالمی برادری کو اس صورتحال کا فوری نوٹس لینا چاہیے، کشمیری عوام اپنے حق خودارادیت کے حصول تک جدوجہد جاری رکھیں گے۔ عدالت نے کیس کی سماعت کے دوران فریقین کے دلائل سنے اور آئندہ سماعت پر متعلقہ ریکارڈ طلب کر لیا، فاضل جج نے ریمارکس دیے کہ قانون کی بالادستی ہر صورت قائم رکھی جائے گی۔ وزیراعظم نے کہا کہ معاشی استحکام کے لیے حکومت سنجیدہ کوششیں کر رہی ہے، مہنگائی میں کمی آ رہی ہے اور آنے والے دنوں میں عوام کو مزید ریلیف فراہم کیا جائے گا۔ پاکستان کو درپیش مسائل کے حل کے لیے تمام سیاسی جماعتوں کو مل بیٹھ کر قومی مفاد میں فیصلے کرنے ہوں گے، عوام کو ریلیف کی فراہمی حکومت کی اولین ترجیح ہے اور اس سلسلے میں ہر ممکن اقدامات اٹھائے جا رہے ہیں۔
بقیہ
نمبر
28
انہوں نے کہا کہ آزاد کشمیر میں تعمیر و ترقی کا عمل تیزی سے جاری ہے، عوامی نمائندوں کو اپنے حلقوں میں ترقیاتی منصوبوں کی بروقت تکمیل کو یقینی بنانا ہوگا تاکہ عوام کو بنیادی سہولیات میسر آ سکیں۔ اجلاس میں متعلقہ محکموں کے افسران نے شرکت کی اور مختلف امور پر تفصیلی بریفنگ دی گئی، اس موقع پر ہدایت کی گئی کہ تمام منصوبے شفافیت کے ساتھ مکمل کیے جائیں اور معیار پر کوئی سمجھوتہ نہ کیا جائے۔ مقبوضہ کشمیر میں بھارتی مظالم کا سلسلہ جاری ہے، عالمی برادری کو اس صورتحال کا فوری نوٹس لینا چاہیے، کشمیری عوام اپنے حق خودارادیت کے حصول تک جدوجہد جاری رکھیں گے۔ عدالت نے کیس کی سماعت کے دوران فریقین کے دلائل سنے اور آئندہ سماعت پر متعلقہ ریکارڈ طلب کر لیا، فاضل جج نے ریمارکس دیے کہ قانون کی بالادستی ہر صورت قائم رکھی جائے گی۔
بقیہ
نمبر
29
وزیراعظم نے کہا کہ معاشی استحکام کے لیے حکومت سنجیدہ کوششیں کر رہی ہے، مہنگائی میں کمی آ رہی ہے اور آنے والے دنوں میں عوام کو مزید ریلیف فراہم کیا جائے گا۔ پاکستان کو درپیش مسائل کے حل کے لیے تمام سیاسی جماعتوں کو مل بیٹھ کر قومی مفاد میں فیصلے کرنے ہوں گے، عوام کو ریلیف کی فراہمی حکومت کی اولین ترجیح ہے اور اس سلسلے میں ہر ممکن اقدامات اٹھائے جا رہے ہیں۔ انہوں نے کہا کہ آزاد کشمیر میں تعمیر و ترقی کا عمل تیزی سے جاری ہے، عوامی نمائندوں کو اپنے حلقوں میں ترقیاتی منصوبوں کی بروقت تکمیل کو یقینی بنانا ہوگا تاکہ عوام کو بنیادی سہولیات میسر آ سکیں۔ اجلاس میں متعلقہ محکموں کے افسران نے شرکت کی اور مختلف امور پر تفصیلی بریفنگ دی گئی، اس موقع پر ہدایت کی گئی کہ تمام منصوبے شفافیت کے ساتھ مکمل کیے جائیں اور معیار پر کوئی سمجھوتہ نہ کیا جائے۔ مقبوضہ کشمیر میں بھارتی مظالم کا سلسلہ جاری ہے، عالمی برادری کو اس صورتحال کا فوری نوٹس لینا چاہیے، کشمیری عوام اپنے حق خودارادیت کے حصول تک جدوجہد جاری رکھیں گے۔ عدالت نے کیس کی سماعت کے دوران فریقین کے دلائل سنے اور آئندہ سماعت پر متعلقہ ریکارڈ طلب کر لیا، فاضل جج نے ریمارکس دیے کہ قانون کی بالادستی ہر صورت قائم رکھی جائے گی۔ وزیراعظم نے کہا کہ معاشی استحکام کے لیے حکومت سنجیدہ کوششیں کر رہی ہے، مہنگائی میں کمی آ رہی ہے اور آنے والے دنوں میں عوام کو مزید ریلیف فراہم کیا جائے گا۔ پاکستان کو درپیش مسائل کے حل کے لیے تمام سیاسی جماعتوں کو مل بیٹھ کر قومی مفاد میں فیصلے کرنے ہوں گے، عوام کو ریلیف کی فراہمی حکومت کی اولین ترجیح ہے اور اس سلسلے میں ہر ممکن اقدامات اٹھائے جا رہے ہیں۔ انہوں نے کہا کہ آزاد کشمیر میں تعمیر و ترقی کا عمل تیزی سے جاری ہے، عوامی نمائندوں کو اپنے حلقوں میں ترقیاتی منصوبوں کی بروقت تکمیل کو یقینی بنانا ہوگا تاکہ عوام کو بنیادی سہولیات میسر آ سکیں۔ اجلاس میں متعلقہ محکموں کے افسران نے شرکت کی اور مختلف امور پر تفصیلی بریفنگ دی گئی، اس موقع پر ہدایت کی گئی کہ تمام منصوبے شفافیت کے ساتھ مکمل کیے جائیں اور معیار پر کوئی سمجھوتہ نہ کیا جائے۔
مقبوضہ کشمیر میں بھارتی مظالم کا سلسلہ جاری ہے، عالمی برادری کو اس صورتحال کا فوری نوٹس لینا چاہیے، کشمیری عوام اپنے حق خودارادیت کے حصول تک جدوجہد جاری رکھیں گے۔ عدالت نے کیس کی سماعت کے دوران فریقین کے دلائل سنے اور آئندہ سماعت پر متعلقہ ریکارڈ طلب کر لیا، فاضل جج نے ریمارکس دیے کہ قانون کی بالادستی ہر صورت قائم رکھی جائے گی۔ وزیراعظم نے کہا کہ معاشی استحکام کے لیے حکومت سنجیدہ کوششیں کر رہی ہے، مہنگائی میں کمی آ رہی ہے اور آنے والے دنوں میں عوام کو مزید ریلیف فراہم کیا جائے گا۔ پاکستان کو درپیش مسائل کے حل کے لیے تمام سیاسی جماعتوں کو مل بیٹھ کر قومی مفاد میں فیصلے کرنے ہوں گے، عوام کو ریلیف کی فراہمی حکومت کی اولین ترجیح ہے اور اس سلسلے میں ہر ممکن اقدامات اٹھائے جا رہے ہیں۔ انہوں نے کہا کہ آزاد کشمیر میں تعمیر و ترقی کا عمل تیزی سے جاری ہے، عوامی نمائندوں کو اپنے حلقوں میں ترقیاتی منصوبوں کی بروقت تکمیل کو یقینی بنانا ہوگا تاکہ عوام کو بنیادی سہولیات میسر آ سکیں۔ اجلاس میں متعلقہ محکموں کے افسران نے شرکت کی اور مختلف امور پر تفصیلی بریفنگ دی گئی، اس موقع پر ہدایت کی گئی کہ تمام منصوبے شفافیت کے ساتھ مکمل کیے جائیں اور معیار پر کوئی سمجھوتہ نہ کیا جائے۔ مقبوضہ کشمیر میں بھارتی مظالم کا سلسلہ جاری ہے، عالمی برادری کو اس صورتحال کا فوری نوٹس لینا چاہیے، کشمیری عوام اپنے حق خودارادیت کے حصول تک جدوجہد جاری رکھیں گے۔ عدالت نے کیس کی سماعت کے دوران فریقین کے دلائل سنے اور آئندہ سماعت پر متعلقہ ریکارڈ طلب کر لیا، فاضل جج نے ریمارکس دیے کہ قانون کی بالادستی ہر صورت قائم رکھی جائے گی۔ وزیراعظم نے کہا کہ معاشی استحکام کے لیے حکومت سنجیدہ کوششیں کر رہی ہے، مہنگائی میں کمی آ رہی ہے اور آنے والے دنوں میں عوام کو مزید ریلیف فراہم کیا جائے گا۔
بقیہ
نمبر
33
پاکستان کو درپیش مسائل کے حل کے لیے تمام سیاسی جماعتوں کو مل بیٹھ کر قومی مفاد میں فیصلے کرنے ہوں گے، عوام کو ریلیف کی فراہمی حکومت کی اولین ترجیح ہے اور اس سلسلے میں ہر ممکن اقدامات اٹھائے جا رہے ہیں۔ انہوں نے کہا کہ آزاد کشمیر میں تعمیر و ترقی کا عمل تیزی سے جاری ہے، عوامی نمائندوں کو اپنے حلقوں میں ترقیاتی منصوبوں کی بروقت تکمیل کو یقینی بنانا ہوگا تاکہ عوام کو بنیادی سہولیات میسر آ سکیں۔ اجلاس میں متعلقہ محکموں کے افسران نے شرکت کی اور مختلف امور پر تفصیلی بریفنگ دی گئی، اس موقع پر ہدایت کی گئی کہ تمام منصوبے شفافیت کے ساتھ مکمل کیے جائیں اور معیار پر کوئی سمجھوتہ نہ کیا جائے۔
بقیہ
نمبر
34
مقبوضہ کشمیر میں بھارتی مظالم کا سلسلہ جاری ہے، عالمی برادری کو اس صورتحال کا فوری نوٹس لینا چاہیے، کشمیری عوام اپنے حق خودارادیت کے حصول تک جدوجہد جاری رکھیں گے۔ عدالت نے کیس کی سماعت کے دوران فریقین کے دلائل سنے اور آئندہ سماعت پر متعلقہ ریکارڈ طلب کر لیا، فاضل جج نے ریمارکس دیے کہ قانون کی بالادستی ہر صورت قائم رکھی جائے گی۔ وزیراعظم نے کہا کہ معاشی استحکام کے لیے حکومت سنجیدہ کوششیں کر رہی ہے، مہنگائی میں کمی آ رہی ہے اور آنے والے دنوں میں عوام کو مزید ریلیف فراہم کیا جائے گا۔ پاکستان کو درپیش مسائل کے حل کے لیے تمام سیاسی جماعتوں کو مل بیٹھ کر قومی مفاد میں فیصلے کرنے ہوں گے، عوام کو ریلیف کی فراہمی حکومت کی اولین ترجیح ہے اور اس سلسلے میں ہر ممکن اقدامات اٹھائے جا رہے ہیں۔ انہوں نے کہا کہ آزاد کشمیر میں تعمیر و ترقی کا عمل تیزی سے جاری ہے، عوامی نمائندوں کو اپنے حلقوں میں ترقیاتی منصوبوں کی بروقت تکمیل کو یقینی بنانا ہوگا تاکہ عوام کو بنیادی سہولیات میسر آ سکیں۔ اجلاس میں متعلقہ محکموں کے افسران نے شرکت کی اور مختلف امور پر تفصیلی بریفنگ دی گئی، اس موقع پر ہدایت کی گئی کہ تمام منصوبے شفافیت کے ساتھ مکمل کیے جائیں اور معیار پر کوئی سمجھوتہ نہ کیا جائے۔ مقبوضہ کشمیر میں بھارتی مظالم کا سلسلہ جاری ہے، عالمی برادری کو اس صورتحال کا فوری نوٹس لینا چاہیے، کشمیری عوام اپنے حق خودارادیت کے حصول تک جدوجہد جاری رکھیں گے۔
بقیہ
نمبر
35
عدالت نے کیس کی سماعت کے دوران فریقین کے دلائل سنے اور آئندہ سماعت پر متعلقہ ریکارڈ طلب کر لیا، فاضل جج نے ریمارکس دیے کہ قانون کی بالادستی ہر صورت قائم رکھی جائے گی۔
بقیہ
نمبر
36
وزیراعظم نے کہا کہ معاشی استحکام کے لیے حکومت سنجیدہ کوششیں کر رہی ہے، مہنگائی میں کمی آ رہی ہے اور آنے والے دنوں میں عوام کو مزید ریلیف فراہم کیا جائے گا۔
بقیہ
نمبر
37
پاکستان کو درپیش مسائل کے حل کے لیے تمام سیاسی جماعتوں کو مل بیٹھ کر قومی مفاد میں فیصلے کرنے ہوں گے، عوام کو ریلیف کی فراہمی حکومت کی اولین ترجیح ہے اور اس سلسلے میں ہر ممکن اقدامات اٹھائے جا رہے ہیں۔ انہوں نے کہا کہ آزاد کشمیر میں تعمیر و ترقی کا عمل تیزی سے جاری ہے، عوامی نمائندوں کو اپنے حلقوں میں ترقیاتی منصوبوں کی بروقت تکمیل کو یقینی بنانا ہوگا تاکہ عوام کو بنیادی سہولیات میسر آ سکیں۔ اجلاس میں متعلقہ محکموں کے افسران نے شرکت کی اور مختلف امور پر تفصیلی بریفنگ دی گئی، اس موقع پر ہدایت کی گئی کہ تمام منصوبے شفافیت کے ساتھ مکمل کیے جائیں اور معیار پر کوئی سمجھوتہ نہ کیا جائے۔
بقیہ
نمبر
38
مقبوضہ کشمیر میں بھارتی مظالم کا سلسلہ جاری ہے، عالمی برادری کو اس صورتحال کا فوری نوٹس لینا چاہیے، کشمیری عوام اپنے حق خودارادیت کے حصول تک جدوجہد جاری رکھیں گے۔ عدالت نے کیس کی سماعت کے دوران فریقین کے دلائل سنے اور آئندہ سماعت پر متعلقہ ریکارڈ طلب کر لیا، فاضل جج نے ریمارکس دیے کہ قانون کی بالادستی ہر صورت قائم رکھی جائے گی۔ وزیراعظم نے کہا کہ معاشی استحکام کے لیے حکومت سنجیدہ کوششیں کر رہی ہے، مہنگائی میں کمی آ رہی ہے اور آنے والے دنوں میں عوام کو مزید ریلیف فراہم کیا جائے گا۔ پاکستان کو درپیش مسائل کے حل کے لیے تمام سیاسی جماعتوں کو مل بیٹھ کر قومی مفاد میں فیصلے کرنے ہوں گے، عوام کو ریلیف کی فراہمی حکومت کی اولین ترجیح ہے اور اس سلسلے میں ہر ممکن اقدامات اٹھائے جا رہے ہیں۔ انہوں نے کہا کہ آزاد کشمیر میں تعمیر و ترقی کا عمل تیزی سے جاری ہے، عوامی نمائندوں کو اپنے حلقوں میں ترقیاتی منصوبوں کی بروقت تکمیل کو یقینی بنانا ہوگا تاکہ عوام کو بنیادی سہولیات میسر آ سکیں۔ اجلاس میں متعلقہ محکموں کے افسران نے شرکت کی اور مختلف امور پر تفصیلی بریفنگ دی گئی، اس موقع پر ہدایت کی گئی کہ تمام منصوبے شفافیت کے ساتھ مکمل کیے جائیں اور معیار پر کوئی سمجھوتہ نہ کیا جائے۔ مقبوضہ کشمیر میں بھارتی مظالم کا سلسلہ جاری ہے، عالمی برادری کو اس صورتحال کا فوری نوٹس لینا چاہیے، کشمیری عوام اپنے حق خودارادیت کے حصول تک جدوجہد جاری رکھیں گے۔ عدالت نے کیس کی سماعت کے دوران فریقین کے دلائل سنے اور آئندہ سماعت پر متعلقہ ریکارڈ طلب کر لیا، فاضل جج نے ریمارکس دیے کہ قانون کی بالادستی ہر صورت قائم رکھی جائے گی۔ وزیراعظم نے کہا کہ معاشی استحکام کے لیے حکومت سنجیدہ کوششیں کر رہی ہے، مہنگائی میں کمی آ رہی ہے اور آنے والے دنوں میں عوام کو مزید ریلیف فراہم کیا جائے گا۔ پاکستان کو درپیش مسائل کے حل کے لیے تمام سیاسی جماعتوں کو مل بیٹھ کر قومی مفاد میں فیصلے کرنے ہوں گے، عوام کو ریلیف کی فراہمی حکومت کی اولین ترجیح ہے اور اس سلسلے میں ہر ممکن اقدامات اٹھائے جا رہے ہیں۔ انہوں نے کہا کہ آزاد کشمیر میں تعمیر و ترقی کا عمل تیزی سے جاری ہے، عوامی نمائندوں کو اپنے حلقوں میں ترقیاتی منصوبوں کی بروقت تکمیل کو یقینی بنانا ہوگا تاکہ عوام کو بنیادی سہولیات میسر آ سکیں۔
بقیہ
نمبر
39
اجلاس میں متعلقہ محکموں کے افسران نے شرکت کی اور مختلف امور پر تفصیلی بریفنگ دی گئی، اس موقع پر ہدایت کی گئی کہ تمام منصوبے شفافیت کے ساتھ مکمل کیے جائیں اور معیار پر کوئی سمجھوتہ نہ کیا جائے۔ مقبوضہ کشمیر میں بھارتی مظالم کا سلسلہ جاری ہے، عالمی برادری کو اس صورتحال کا فوری نوٹس لینا چاہیے، کشمیری عوام اپنے حق خودارادیت کے حصول تک جدوجہد جاری رکھیں گے۔ عدالت نے کیس کی سماعت کے دوران فریقین کے دلائل سنے اور آئندہ سماعت پر متعلقہ ریکارڈ طلب کر لیا، فاضل جج نے ریمارکس دیے کہ قانون کی بالادستی ہر صورت قائم رکھی جائے گی۔ وزیراعظم نے کہا کہ معاشی استحکام کے لیے حکومت سنجیدہ کوششیں کر رہی ہے، مہنگائی میں کمی آ رہی ہے اور آنے والے دنوں میں عوام کو مزید ریلیف فراہم کیا جائے گا۔ پاکستان کو درپیش مسائل کے حل کے لیے تمام سیاسی جماعتوں کو مل بیٹھ کر قومی مفاد میں فیصلے کرنے ہوں گے، عوام کو ریلیف کی فراہمی حکومت کی اولین ترجیح ہے اور اس سلسلے میں ہر ممکن اقدامات اٹھائے جا رہے ہیں۔ انہوں نے کہا کہ آزاد کشمیر میں تعمیر و ترقی کا عمل تیزی سے جاری ہے، عوامی نمائندوں کو اپنے حلقوں میں ترقیاتی منصوبوں کی بروقت تکمیل کو یقینی بنانا ہوگا تاکہ عوام کو بنیادی سہولیات میسر آ سکیں۔ اجلاس میں متعلقہ محکموں کے افسران نے شرکت کی اور مختلف امور پر تفصیلی بریفنگ دی گئی، اس موقع پر ہدایت کی گئی کہ تمام منصوبے شفافیت کے ساتھ مکمل کیے جائیں اور معیار پر کوئی سمجھوتہ نہ کیا جائے۔
بقیہ
نمبر
40
مقبوضہ کشمیر میں بھارتی مظالم کا سلسلہ جاری ہے، عالمی برادری کو اس صورتحال کا فوری نوٹس لینا چاہیے، کشمیری عوام اپنے حق خودارادیت کے حصول تک جدوجہد جاری رکھیں گے۔
بقیہ
نمبر
41
عدالت نے کیس کی سماعت کے دوران فریقین کے دلائل سنے اور آئندہ سماعت پر متعلقہ ریکارڈ طلب کر لیا، فاضل جج نے ریمارکس دیے کہ قانون کی بالادستی ہر صورت قائم رکھی جائے گی۔
وزیراعظم نے کہا کہ معاشی استحکام کے لیے حکومت سنجیدہ کوششیں کر رہی ہے، مہنگائی میں کمی آ رہی ہے اور آنے والے دنوں میں عوام کو مزید ریلیف فراہم کیا جائے گا۔ پاکستان کو درپیش مسائل کے حل کے لیے تمام سیاسی جماعتوں کو مل بیٹھ کر قومی مفاد میں فیصلے کرنے ہوں گے، عوام کو ریلیف کی فراہمی حکومت کی اولین ترجیح ہے اور اس سلسلے میں ہر ممکن اقدامات اٹھائے جا رہے ہیں۔ انہوں نے کہا کہ آزاد کشمیر میں تعمیر و ترقی کا عمل تیزی سے جاری ہے، عوامی نمائندوں کو اپنے حلقوں میں ترقیاتی منصوبوں کی بروقت تکمیل کو یقینی بنانا ہوگا تاکہ عوام کو بنیادی سہولیات میسر آ سکیں۔ اجلاس میں متعلقہ محکموں کے افسران نے شرکت کی اور مختلف امور پر تفصیلی بریفنگ دی گئی، اس موقع پر ہدایت کی گئی کہ تمام منصوبے شفافیت کے ساتھ مکمل کیے جائیں اور معیار پر کوئی سمجھوتہ نہ کیا جائے۔ مقبوضہ کشمیر میں بھارتی مظالم کا سلسلہ جاری ہے، عالمی برادری کو اس صورتحال کا فوری نوٹس لینا چاہیے، کشمیری عوام اپنے حق خودارادیت کے حصول تک جدوجہد جاری رکھیں گے۔
بقیہ
نمبر
42
عدالت نے کیس کی سماعت کے دوران فریقین کے دلائل سنے اور آئندہ سماعت پر متعلقہ ریکارڈ طلب کر لیا، فاضل جج نے ریمارکس دیے کہ قانون کی بالادستی ہر صورت قائم رکھی جائے گی۔ وزیراعظم نے کہا کہ معاشی استحکام کے لیے حکومت سنجیدہ کوششیں کر رہی ہے، مہنگائی میں کمی آ رہی ہے اور آنے والے دنوں میں عوام کو مزید ریلیف فراہم کیا جائے گا۔ پاکستان کو درپیش مسائل کے حل کے لیے تمام سیاسی جماعتوں کو مل بیٹھ کر قومی مفاد میں فیصلے کرنے ہوں گے، عوام کو ریلیف کی فراہمی حکومت کی اولین ترجیح ہے اور اس سلسلے میں ہر ممکن اقدامات اٹھائے جا رہے ہیں۔ انہوں نے کہا کہ آزاد کشمیر میں تعمیر و ترقی کا عمل تیزی سے جاری ہے، عوامی نمائندوں کو اپنے حلقوں میں ترقیاتی منصوبوں کی بروقت تکمیل کو یقینی بنانا ہوگا تاکہ عوام کو بنیادی سہولیات میسر آ سکیں۔
بقیہ
نمبر
43
اجلاس میں متعلقہ محکموں کے افسران نے شرکت کی اور مختلف امور پر تفصیلی بریفنگ دی گئی، اس موقع پر ہدایت کی گئی کہ تمام منصوبے شفافیت کے ساتھ مکمل کیے جائیں اور معیار پر کوئی سمجھوتہ نہ کیا جائے۔ مقبوضہ کشمیر میں بھارتی مظالم کا سلسلہ جاری ہے، عالمی برادری کو اس صورتحال کا فوری نوٹس لینا چاہیے، کشمیری عوام اپنے حق خودارادیت کے حصول تک جدوجہد جاری رکھیں گے۔ عدالت نے کیس کی سماعت کے دوران فریقین کے دلائل سنے اور آئندہ سماعت پر متعلقہ ریکارڈ طلب کر لیا، فاضل جج نے ریمارکس دیے کہ قانون کی بالادستی ہر صورت قائم رکھی جائے گی۔ وزیراعظم نے کہا کہ معاشی استحکام کے لیے حکومت سنجیدہ کوششیں کر رہی ہے، مہنگائی میں کمی آ رہی ہے اور آنے والے دنوں میں عوام کو مزید ریلیف فراہم کیا جائے گا۔ پاکستان کو درپیش مسائل کے حل کے لیے تمام سیاسی جماعتوں کو مل بیٹھ کر قومی مفاد میں فیصلے کرنے ہوں گے، عوام کو ریلیف کی فراہمی حکومت کی اولین ترجیح ہے اور اس سلسلے میں ہر ممکن اقدامات اٹھائے جا رہے ہیں۔
بقیہ
نمبر
44
انہوں نے کہا کہ آزاد کشمیر میں تعمیر و ترقی کا عمل تیزی سے جاری ہے، عوامی نمائندوں کو اپنے حلقوں میں ترقیاتی منصوبوں کی بروقت تکمیل کو یقینی بنانا ہوگا تاکہ عوام کو بنیادی سہولیات میسر آ سکیں۔
بقیہ
نمبر
45
اجلاس میں متعلقہ محکموں کے افسران نے شرکت کی اور مختلف امور پر تفصیلی بریفنگ دی گئی، اس موقع پر ہدایت کی گئی کہ تمام منصوبے شفافیت کے ساتھ مکمل کیے جائیں اور معیار پر کوئی سمجھوتہ نہ کیا جائے۔ مقبوضہ کشمیر میں بھارتی مظالم کا سلسلہ جاری ہے، عالمی برادری کو اس صورتحال کا فوری نوٹس لینا چاہیے، کشمیری عوام اپنے حق خودارادیت کے حصول تک جدوجہد جاری رکھیں گے۔ عدالت نے کیس کی سماعت کے دوران فریقین کے دلائل سنے اور آئندہ سماعت پر متعلقہ ریکارڈ طلب کر لیا، فاضل جج نے ریمارکس دیے کہ قانون کی بالادستی ہر صورت قائم رکھی جائے گی۔ وزیراعظم نے کہا کہ معاشی استحکام کے لیے حکومت سنجیدہ کوششیں کر رہی ہے، مہنگائی میں کمی آ رہی ہے اور آنے والے دنوں میں عوام کو مزید ریلیف فراہم کیا جائے گا۔ پاکستان کو درپیش مسائل کے حل کے لیے تمام سیاسی جماعتوں کو مل بیٹھ کر قومی مفاد میں فیصلے کرنے ہوں گے، عوام کو ریلیف کی فراہمی حکومت کی اولین ترجیح ہے اور اس سلسلے میں ہر ممکن اقدامات اٹھائے جا رہے ہیں۔ انہوں نے کہا کہ آزاد کشمیر میں تعمیر و ترقی کا عمل تیزی سے جاری ہے، عوامی نمائندوں کو اپنے حلقوں میں ترقیاتی منصوبوں کی بروقت تکمیل کو یقینی بنانا ہوگا تاکہ عوام کو بنیادی سہولیات میسر آ سکیں۔ اجلاس میں متعلقہ محکموں کے افسران نے شرکت کی اور مختلف امور پر تفصیلی بریفنگ دی گئی، اس موقع پر ہدایت کی گئی کہ تمام منصوبے شفافیت کے ساتھ مکمل کیے جائیں اور معیار پر کوئی سمجھوتہ نہ کیا جائے۔
بقیہ
نمبر
46
مقبوضہ کشمیر میں بھارتی مظالم کا سلسلہ جاری ہے، عالمی برادری کو اس صورتحال کا فوری نوٹس لینا چاہیے، کشمیری عوام اپنے حق خودارادیت کے حصول تک جدوجہد جاری رکھیں گے۔ عدالت نے کیس کی سماعت کے دوران فریقین کے دلائل سنے اور آئندہ سماعت پر متعلقہ ریکارڈ طلب کر لیا، فاضل جج نے ریمارکس دیے کہ قانون کی بالادستی ہر صورت قائم رکھی جائے گی۔ وزیراعظم نے کہا کہ معاشی استحکام کے لیے حکومت سنجیدہ کوششیں کر رہی ہے، مہنگائی میں کمی آ رہی ہے اور آنے والے دنوں میں عوام کو مزید ریلیف فراہم کیا جائے گا۔ پاکستان کو درپیش مسائل کے حل کے لیے تمام سیاسی جماعتوں کو مل بیٹھ کر قومی مفاد میں فیصلے کرنے ہوں گے، عوام کو ریلیف کی فراہمی حکومت کی اولین ترجیح ہے اور اس سلسلے میں ہر ممکن اقدامات اٹھائے جا رہے ہیں۔ انہوں نے کہا کہ آزاد کشمیر میں تعمیر و ترقی کا عمل تیزی سے جاری ہے، عوامی نمائندوں کو اپنے حلقوں میں ترقیاتی منصوبوں کی بروقت تکمیل کو یقینی بنانا ہوگا تاکہ عوام کو بنیادی سہولیات میسر آ سکیں۔ اجلاس میں متعلقہ محکموں کے افسران نے شرکت کی اور مختلف امور پر تفصیلی بریفنگ دی گئی، اس موقع پر ہدایت کی گئی کہ تمام منصوبے شفافیت کے ساتھ مکمل کیے جائیں اور معیار پر کوئی سمجھوتہ نہ کیا جائے۔ مقبوضہ کشمیر میں بھارتی مظالم کا سلسلہ جاری ہے، عالمی برادری کو اس صورتحال کا فوری نوٹس لینا چاہیے، کشمیری عوام اپنے حق خودارادیت کے حصول تک جدوجہد جاری رکھیں گے۔ عدالت نے کیس کی سماعت کے دوران فریقین کے دلائل سنے اور آئندہ سماعت پر متعلقہ ریکارڈ طلب کر لیا، فاضل جج نے ریمارکس دیے کہ قانون کی بالادستی ہر صورت قائم رکھی جائے گی۔ وزیراعظم نے کہا کہ معاشی استحکام کے لیے حکومت سنجیدہ کوششیں کر رہی ہے، مہنگائی میں کمی آ رہی ہے اور آنے والے دنوں میں عوام کو مزید ریلیف فراہم کیا جائے گا۔ پاکستان کو درپیش مسائل کے حل کے لیے تمام سیاسی جماعتوں کو مل بیٹھ کر قومی مفاد میں فیصلے کرنے ہوں گے، عوام کو ریلیف کی فراہمی حکومت کی اولین ترجیح ہے اور اس سلسلے میں ہر ممکن اقدامات اٹھائے جا رہے ہیں۔ انہوں نے کہا کہ آزاد کشمیر میں تعمیر و ترقی کا عمل تیزی سے جاری ہے، عوامی نمائندوں کو اپنے حلقوں میں ترقیاتی منصوبوں کی بروقت تکمیل کو یقینی بنانا ہوگا تاکہ عوام کو بنیادی سہولیات میسر آ سکیں۔ اجلاس میں متعلقہ محکموں کے افسران نے شرکت کی اور مختلف امور پر تفصیلی بریفنگ دی گئی، اس موقع پر ہدایت کی گئی کہ تمام منصوبے شفافیت کے ساتھ مکمل کیے جائیں اور معیار پر کوئی سمجھوتہ نہ کیا جائے۔ مقبوضہ کشمیر میں بھارتی مظالم کا سلسلہ جاری ہے، عالمی برادری کو اس صورتحال کا فوری نوٹس لینا چاہیے، کشمیری عوام اپنے حق خودارادیت کے حصول تک جدوجہد جاری رکھیں گے۔
بقیہ
نمبر
47
عدالت نے کیس کی سماعت کے دوران فریقین کے دلائل سنے اور آئندہ سماعت پر متعلقہ ریکارڈ طلب کر لیا، فاضل جج نے ریمارکس دیے کہ قانون کی بالادستی ہر صورت قائم رکھی جائے گی۔ وزیراعظم نے کہا کہ معاشی استحکام کے لیے حکومت سنجیدہ کوششیں کر رہی ہے، مہنگائی میں کمی آ رہی ہے اور آنے والے دنوں میں عوام کو مزید ریلیف فراہم کیا جائے گا۔ پاکستان کو درپیش مسائل کے حل کے لیے تمام سیاسی جماعتوں کو مل بیٹھ کر قومی مفاد میں فیصلے کرنے ہوں گے، عوام کو ریلیف کی فراہمی حکومت کی اولین ترجیح ہے اور اس سلسلے میں ہر ممکن اقدامات اٹھائے جا رہے ہیں۔ انہوں نے کہا کہ آزاد کشمیر میں تعمیر و ترقی کا عمل تیزی سے جاری ہے، عوامی نمائندوں کو اپنے حلقوں میں ترقیاتی منصوبوں کی بروقت تکمیل کو یقینی بنانا ہوگا تاکہ عوام کو بنیادی سہولیات میسر آ سکیں۔ اجلاس میں متعلقہ محکموں کے افسران نے شرکت کی اور مختلف امور پر تفصیلی بریفنگ دی گئی، اس موقع پر ہدایت کی گئی کہ تمام منصوبے شفافیت کے ساتھ مکمل کیے جائیں اور معیار پر کوئی سمجھوتہ نہ کیا جائے۔ مقبوضہ کشمیر میں بھارتی مظالم کا سلسلہ جاری ہے، عالمی برادری کو اس صورتحال کا فوری نوٹس لینا چاہیے، کشمیری عوام اپنے حق خودارادیت کے حصول تک جدوجہد جاری رکھیں گے۔ عدالت نے کیس کی سماعت کے دوران فریقین کے دلائل سنے اور آئندہ سماعت پر متعلقہ ریکارڈ طلب کر لیا، فاضل جج نے ریمارکس دیے کہ قانون کی بالادستی ہر صورت قائم رکھی جائے گی۔ وزیراعظم نے کہا کہ معاشی استحکام کے لیے حکومت سنجیدہ کوششیں کر رہی ہے، مہنگائی میں کمی آ رہی ہے اور آنے والے دنوں میں عوام کو مزید ریلیف فراہم کیا جائے گا۔ پاکستان کو درپیش مسائل کے حل کے لیے تمام سیاسی جماعتوں کو مل بیٹھ کر قومی مفاد میں فیصلے کرنے ہوں گے، عوام کو ریلیف کی فراہمی حکومت کی اولین ترجیح ہے اور اس سلسلے میں ہر ممکن اقدامات اٹھائے جا رہے ہیں۔ انہوں نے کہا کہ آزاد کشمیر میں تعمیر و ترقی کا عمل تیزی سے جاری ہے، عوامی نمائندوں کو اپنے حلقوں میں ترقیاتی منصوبوں کی بروقت تکمیل کو یقینی بنانا ہوگا تاکہ عوام کو بنیادی سہولیات میسر آ سکیں۔ اجلاس میں متعلقہ محکموں کے افسران نے شرکت کی اور مختلف امور پر تفصیلی بریفنگ دی گئی، اس موقع پر ہدایت کی گئی کہ تمام منصوبے شفافیت کے ساتھ مکمل کیے جائیں اور معیار پر کوئی سمجھوتہ نہ کیا جائے۔
بقیہ
نمبر
48
مقبوضہ کشمیر میں بھارتی مظالم کا سلسلہ جاری ہے، عالمی برادری کو اس صورتحال کا فوری نوٹس لینا چاہیے، کشمیری عوام اپنے حق خودارادیت کے حصول تک جدوجہد جاری رکھیں گے۔ عدالت نے کیس کی سماعت کے دوران فریقین کے دلائل سنے اور آئندہ سماعت پر متعلقہ ریکارڈ طلب کر لیا، فاضل جج نے ریمارکس دیے کہ قانون کی بالادستی ہر صورت قائم رکھی جائے گی۔
وزیراعظم نے کہا کہ معاشی استحکام کے لیے حکومت سنجیدہ کوششیں کر رہی ہے، مہنگائی میں کمی آ رہی ہے اور آنے والے دنوں میں عوام کو مزید ریلیف فراہم کیا جائے گا۔ پاکستان کو درپیش مسائل کے حل کے لیے تمام سیاسی جماعتوں کو مل بیٹھ کر قومی مفاد میں فیصلے کرنے ہوں گے، عوام کو ریلیف کی فراہمی حکومت کی اولین ترجیح ہے اور اس سلسلے میں ہر ممکن اقدامات اٹھائے جا رہے ہیں۔ انہوں نے کہا کہ آزاد کشمیر میں تعمیر و ترقی کا عمل تیزی سے جاری ہے، عوامی نمائندوں کو اپنے حلقوں میں ترقیاتی منصوبوں کی بروقت تکمیل کو یقینی بنانا ہوگا تاکہ عوام کو بنیادی سہولیات میسر آ سکیں۔ اجلاس میں متعلقہ محکموں کے افسران نے شرکت کی اور مختلف امور پر تفصیلی بریفنگ دی گئی، اس موقع پر ہدایت کی گئی کہ تمام منصوبے شفافیت کے ساتھ مکمل کیے جائیں اور معیار پر کوئی سمجھوتہ نہ کیا جائے۔ مقبوضہ کشمیر میں بھارتی مظالم کا سلسلہ جاری ہے، عالمی برادری کو اس صورتحال کا فوری نوٹس لینا چاہیے، کشمیری عوام اپنے حق خودارادیت کے حصول تک جدوجہد جاری رکھیں گے۔ عدالت نے کیس کی سماعت کے دوران فریقین کے دلائل سنے اور آئندہ سماعت پر متعلقہ ریکارڈ طلب کر لیا، فاضل جج نے ریمارکس دیے کہ قانون کی بالادستی ہر صورت قائم رکھی جائے گی۔
بقیہ
نمبر
49
وزیراعظم نے کہا کہ معاشی استحکام کے لیے حکومت سنجیدہ کوششیں کر رہی ہے، مہنگائی میں کمی آ رہی ہے اور آنے والے دنوں میں عوام کو مزید ریلیف فراہم کیا جائے گا۔ پاکستان کو درپیش مسائل کے حل کے لیے تمام سیاسی جماعتوں کو مل بیٹھ کر قومی مفاد میں فیصلے کرنے ہوں گے، عوام کو ریلیف کی فراہمی حکومت کی اولین ترجیح ہے اور اس سلسلے میں ہر ممکن اقدامات اٹھائے جا رہے ہیں۔ انہوں نے کہا کہ آزاد کشمیر میں تعمیر و ترقی کا عمل تیزی سے جاری ہے، عوامی نمائندوں کو اپنے حلقوں میں ترقیاتی منصوبوں کی بروقت تکمیل کو یقینی بنانا ہوگا تاکہ عوام کو بنیادی سہولیات میسر آ سکیں۔ اجلاس میں متعلقہ محکموں کے افسران نے شرکت کی اور مختلف امور پر تفصیلی بریفنگ دی گئی، اس موقع پر ہدایت کی گئی کہ تمام منصوبے شفافیت کے ساتھ مکمل کیے جائیں اور معیار پر کوئی سمجھوتہ نہ کیا جائے۔ مقبوضہ کشمیر میں بھارتی مظالم کا سلسلہ جاری ہے، عالمی برادری کو اس صورتحال کا فوری نوٹس لینا چاہیے، کشمیری عوام اپنے حق خودارادیت کے حصول تک جدوجہد جاری رکھیں گے۔
بقیہ
نمبر
50
عدالت نے کیس کی سماعت کے دوران فریقین کے دلائل سنے اور آئندہ سماعت پر متعلقہ ریکارڈ طلب کر لیا، فاضل جج نے ریمارکس دیے کہ قانون کی بالادستی ہر صورت قائم رکھی جائے گی۔ وزیراعظم نے کہا کہ معاشی استحکام کے لیے حکومت سنجیدہ کوششیں کر رہی ہے، مہنگائی میں کمی آ رہی ہے اور آنے والے دنوں میں عوام کو مزید ریلیف فراہم کیا جائے گا۔ پاکستان کو درپیش مسائل کے حل کے لیے تمام سیاسی جماعتوں کو مل بیٹھ کر قومی مفاد میں فیصلے کرنے ہوں گے، عوام کو ریلیف کی فراہمی حکومت کی اولین ترجیح ہے اور اس سلسلے میں ہر ممکن اقدامات اٹھائے جا رہے ہیں۔ انہوں نے کہا کہ آزاد کشمیر میں تعمیر و ترقی کا عمل تیزی سے جاری ہے، عوامی نمائندوں کو اپنے حلقوں میں ترقیاتی منصوبوں کی بروقت تکمیل کو یقینی بنانا ہوگا تاکہ عوام کو بنیادی سہولیات میسر آ سکیں۔
بقیہ
نمبر
51
اجلاس میں متعلقہ محکموں کے افسران نے شرکت کی اور مختلف امور پر تفصیلی بریفنگ دی گئی، اس موقع پر ہدایت کی گئی کہ تمام منصوبے شفافیت کے ساتھ مکمل کیے جائیں اور معیار پر کوئی سمجھوتہ نہ کیا جائے۔ مقبوضہ کشمیر میں بھارتی مظالم کا سلسلہ جاری ہے، عالمی برادری کو اس صورتحال کا فوری نوٹس لینا چاہیے، کشمیری عوام اپنے حق خودارادیت کے حصول تک جدوجہد جاری رکھیں گے۔ عدالت نے کیس کی سماعت کے دوران فریقین کے دلائل سنے اور آئندہ سماعت پر متعلقہ ریکارڈ طلب کر لیا، فاضل جج نے ریمارکس دیے کہ قانون کی بالادستی ہر صورت قائم رکھی جائے گی۔ وزیراعظم نے کہا کہ معاشی استحکام کے لیے حکومت سنجیدہ کوششیں کر رہی ہے، مہنگائی میں کمی آ رہی ہے اور آنے والے دنوں میں عوام کو مزید ریلیف فراہم کیا جائے گا۔ پاکستان کو درپیش مسائل کے حل کے لیے تمام سیاسی جماعتوں کو مل بیٹھ کر قومی مفاد میں فیصلے کرنے ہوں گے، عوام کو ریلیف کی فراہمی حکومت کی اولین ترجیح ہے اور اس سلسلے میں ہر ممکن اقدامات اٹھائے جا رہے ہیں۔
بقیہ
نمبر
52
انہوں نے کہا کہ آزاد کشمیر میں تعمیر و ترقی کا عمل تیزی سے جاری ہے، عوامی نمائندوں کو اپنے حلقوں میں ترقیاتی منصوبوں کی بروقت تکمیل کو یقینی بنانا ہوگا تاکہ عوام کو بنیادی سہولیات میسر آ سکیں۔ اجلاس میں متعلقہ محکموں کے افسران نے شرکت کی اور مختلف امور پر تفصیلی بریفنگ دی گئی، اس موقع پر ہدایت کی گئی کہ تمام منصوبے شفافیت کے ساتھ مکمل کیے جائیں اور معیار پر کوئی سمجھوتہ نہ کیا جائے۔ مقبوضہ کشمیر میں بھارتی مظالم کا سلسلہ جاری ہے، عالمی برادری کو اس صورتحال کا فوری نوٹس لینا چاہیے، کشمیری عوام اپنے حق خودارادیت کے حصول تک جدوجہد جاری رکھیں گے۔ عدالت نے کیس کی سماعت کے دوران فریقین کے دلائل سنے اور آئندہ سماعت پر متعلقہ ریکارڈ طلب کر لیا، فاضل جج نے ریمارکس دیے کہ قانون کی بالادستی ہر صورت قائم رکھی جائے گی۔ وزیراعظم نے کہا کہ معاشی استحکام کے لیے حکومت سنجیدہ کوششیں کر رہی ہے، مہنگائی میں کمی آ رہی ہے اور آنے والے دنوں میں عوام کو مزید ریلیف فراہم کیا جائے گا۔ پاکستان کو درپیش مسائل کے حل کے لیے تمام سیاسی جماعتوں کو مل بیٹھ کر قومی مفاد میں فیصلے کرنے ہوں گے، عوام کو ریلیف کی فراہمی حکومت کی اولین ترجیح ہے اور اس سلسلے میں ہر ممکن اقدامات اٹھائے جا رہے ہیں۔
چیمپئنز ٹرافی سے قبل پاکستان ٹیم کیلئے
اچھی خبر
انہوں نے کہا کہ آزاد کشمیر میں تعمیر و ترقی کا عمل تیزی سے جاری ہے، عوامی نمائندوں کو اپنے حلقوں میں ترقیاتی منصوبوں کی بروقت تکمیل کو یقینی بنانا ہوگا تاکہ عوام کو بنیادی سہولیات میسر آ سکیں۔ اجلاس میں متعلقہ محکموں کے افسران نے شرکت کی اور مختلف امور پر تفصیلی بریفنگ دی گئی، اس موقع پر ہدایت کی گئی کہ تمام منصوبے شفافیت کے ساتھ مکمل کیے جائیں اور معیار پر کوئی سمجھوتہ نہ کیا جائے۔ مقبوضہ کشمیر میں بھارتی مظالم کا سلسلہ جاری ہے، عالمی برادری کو اس صورتحال کا فوری نوٹس لینا چاہیے، کشمیری عوام اپنے حق خودارادیت کے حصول تک جدوجہد جاری رکھیں گے۔ عدالت نے کیس کی سماعت کے دوران فریقین کے دلائل سنے اور آئندہ سماعت پر متعلقہ ریکارڈ طلب کر لیا، فاضل جج نے ریمارکس دیے کہ قانون کی بالادستی ہر صورت قائم رکھی جائے گی۔ وزیراعظم نے کہا کہ معاشی استحکام کے لیے حکومت سنجیدہ کوششیں کر رہی ہے، مہنگائی میں کمی آ رہی ہے اور آنے والے دنوں میں عوام کو مزید ریلیف فراہم کیا جائے گا۔ پاکستان کو درپیش مسائل کے حل کے لیے تمام سیاسی جماعتوں کو مل بیٹھ کر قومی مفاد میں فیصلے کرنے ہوں گے، عوام کو ریلیف کی فراہمی حکومت کی اولین ترجیح ہے اور اس سلسلے میں ہر ممکن اقدامات اٹھائے جا رہے ہیں۔ انہوں نے کہا کہ آزاد کشمیر میں تعمیر و ترقی کا عمل تیزی سے جاری ہے، عوامی نمائندوں کو اپنے حلقوں میں ترقیاتی منصوبوں کی بروقت تکمیل کو یقینی بنانا ہوگا تاکہ عوام کو بنیادی سہولیات میسر آ سکیں۔ اجلاس میں متعلقہ محکموں کے افسران نے شرکت کی اور مختلف امور پر تفصیلی بریفنگ دی گئی، اس موقع پر ہدایت کی گئی کہ تمام منصوبے شفافیت کے ساتھ مکمل کیے جائیں اور معیار پر کوئی سمجھوتہ نہ کیا جائے۔ مقبوضہ کشمیر میں بھارتی مظالم کا سلسلہ جاری ہے، عالمی برادری کو اس صورتحال کا فوری نوٹس لینا چاہیے، کشمیری عوام اپنے حق خودارادیت کے حصول تک جدوجہد جاری رکھیں گے۔
آئی سی سی نے پاکستانی ٹیم کا نیا پرومو
جاری کر دیا
عدالت نے کیس کی سماعت کے دوران فریقین کے دلائل سنے اور آئندہ سماعت پر متعلقہ ریکارڈ طلب کر لیا، فاضل جج نے ریمارکس دیے کہ قانون کی بالادستی ہر صورت قائم رکھی جائے گی۔ وزیراعظم نے کہا کہ معاشی استحکام کے لیے حکومت سنجیدہ کوششیں کر رہی ہے، مہنگائی میں کمی آ رہی ہے اور آنے والے دنوں میں عوام کو مزید ریلیف فراہم کیا جائے گا۔ پاکستان کو درپیش مسائل کے حل کے لیے تمام سیاسی جماعتوں کو مل بیٹھ کر قومی مفاد میں فیصلے کرنے ہوں گے، عوام کو ریلیف کی فراہمی حکومت کی اولین ترجیح ہے اور اس سلسلے میں ہر ممکن اقدامات اٹھائے جا رہے ہیں۔ انہوں نے کہا کہ آزاد کشمیر میں تعمیر و ترقی کا عمل تیزی سے جاری ہے، عوامی نمائندوں کو اپنے حلقوں میں ترقیاتی منصوبوں کی بروقت تکمیل کو یقینی بنانا ہوگا تاکہ عوام کو بنیادی سہولیات میسر آ سکیں۔ اجلاس میں متعلقہ محکموں کے افسران نے شرکت کی اور مختلف امور پر تفصیلی بریفنگ دی گئی، اس موقع پر ہدایت کی گئی کہ تمام منصوبے شفافیت کے ساتھ مکمل کیے جائیں اور معیار پر کوئی سمجھوتہ نہ کیا جائے۔ مقبوضہ کشمیر میں بھارتی مظالم کا سلسلہ جاری ہے، عالمی برادری کو اس صورتحال کا فوری نوٹس لینا چاہیے، کشمیری عوام اپنے حق خودارادیت کے حصول تک جدوجہد جاری رکھیں گے۔
پاکستان ٹیم کی سب سے بڑی کمزوری کیا
ہے؟ سابق بھارتی کرکٹر کا بڑا دعویٰ
عدالت نے کیس کی سماعت کے دوران فریقین کے دلائل سنے اور آئندہ سماعت پر متعلقہ ریکارڈ طلب کر لیا، فاضل جج نے ریمارکس دیے کہ قانون کی بالادستی ہر صورت قائم رکھی جائے گی۔ وزیراعظم نے کہا کہ معاشی استحکام کے لیے حکومت سنجیدہ کوششیں کر رہی ہے، مہنگائی میں کمی آ رہی ہے اور آنے والے دنوں میں عوام کو مزید ریلیف فراہم کیا جائے گا۔ پاکستان کو درپیش مسائل کے حل کے لیے تمام سیاسی جماعتوں کو مل بیٹھ کر قومی مفاد میں فیصلے کرنے ہوں گے، عوام کو ریلیف کی فراہمی حکومت کی اولین ترجیح ہے اور اس سلسلے میں ہر ممکن اقدامات اٹھائے جا رہے ہیں۔ انہوں نے کہا کہ آزاد کشمیر میں تعمیر و ترقی کا عمل تیزی سے جاری ہے، عوامی نمائندوں کو اپنے حلقوں میں ترقیاتی منصوبوں کی بروقت تکمیل کو یقینی بنانا ہوگا تاکہ عوام کو بنیادی سہولیات میسر آ سکیں۔ اجلاس میں متعلقہ محکموں کے افسران نے شرکت کی اور مختلف امور پر تفصیلی بریفنگ دی گئی، اس موقع پر ہدایت کی گئی کہ تمام منصوبے شفافیت کے ساتھ مکمل کیے جائیں اور معیار پر کوئی سمجھوتہ نہ کیا جائے۔
